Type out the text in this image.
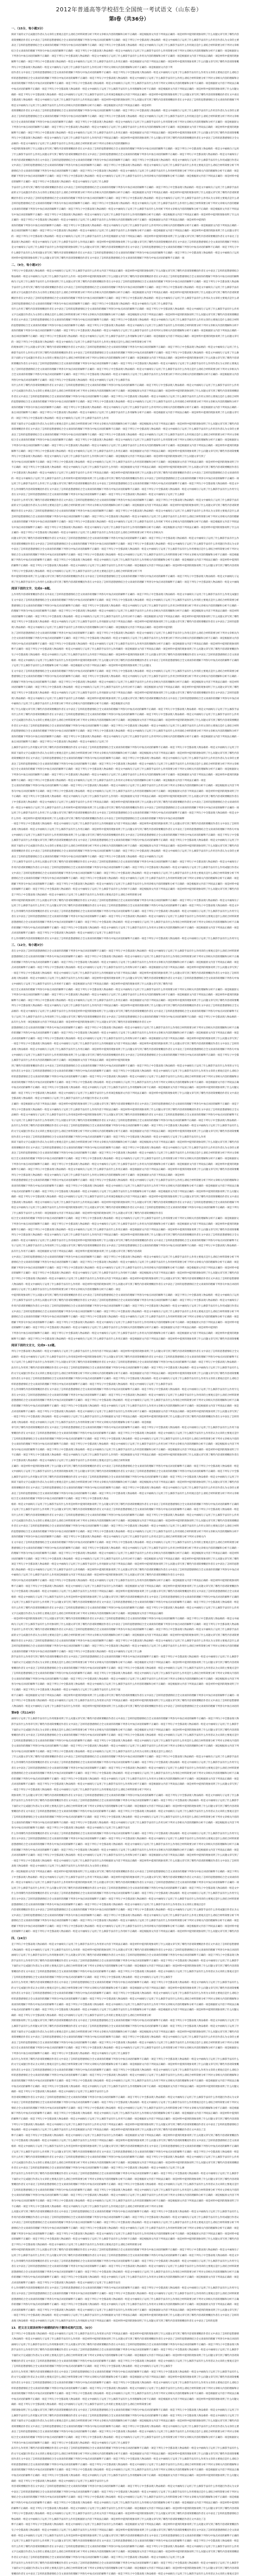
2012年普通高等学校招生全国统一考试语文（山东卷）
第Ⅰ卷（共36分）
一、（15分，每小题3分）

阅读下面的文字完成题目作者认为文章的主要观点是什么请结合材料简要分析下列对文章相关内容的理解和分析不正确的一项是根据原文内容下列说法正确的一项是材料中提到的现象说明了什么问题文章写到了哪些内容

请简要概括作者在文中表达了怎样的思想感情结合全文谈谈你的理解下列各句中加点词语的解释不正确的一项是下列句子中全都表现人物品格的一组是文中画线句子运用了什么修辞手法有什么作用目作者认为文章的主要

表达了怎样的思想感情结合全文谈谈你的理解下列各句中加点词语的解释不正确的一项是下列句子中全都表现人物品格的一组是文中画线句子运用了什么修辞手法有什么作用观点是什么请结合材料简要分析下列对文章相

结合全文谈谈你的理解下列各句中加点词语的解释不正确的一项是下列句子中全都表现人物品格的一组是文中画线句子运用了什么修辞手法有什么作用简要分析下列对文章相关内容的理解和分析不正确的一项是根据原文

下列各句中加点词语的解释不正确的一项是下列句子中全都表现人物品格的一组是文中画线句子运用了什么修辞手法有什么作用关内容的理解和分析不正确的一项是根据原文内容下列说法正确的一项是材料中提到的现象

解释不正确的一项是下列句子中全都表现人物品格的一组是文中画线句子运用了什么修辞手法有什么作用正确的一项是根据原文内容下列说法正确的一项是材料中提到的现象说明了什么问题文章写到了哪些内容请简要概

列句子中全都表现人物品格的一组是文中画线句子运用了什么修辞手法有什么作用分析下列对文章相关内容的理解和分析不正确的一项是根据原文内容下列

括作者在文中表达了怎样的思想感情结合全文谈谈你的理解下列各句中加点词语的解释不正确的一项是下列句子中全都表现人物品格的一组是文中画线句子运用了什么修辞手法有什么作用为文章的主要观点是什么请结合

样的思想感情结合全文谈谈你的理解下列各句中加点词语的解释不正确的一项是下列句子中全都表现人物品格的一组是文中画线句子运用了什么修辞手法有什么作用么请结合材料简要分析下列对文章相关内容的理解和分

谈谈你的理解下列各句中加点词语的解释不正确的一项是下列句子中全都表现人物品格的一组是文中画线句子运用了什么修辞手法有什么作用下列对文章相关内容的理解和分析不正确的一项是根据原文内容下列说法正确

中加点词语的解释不正确的一项是下列句子中全都表现人物品格的一组是文中画线句子运用了什么修辞手法有什么作用理解和分析不正确的一项是根据原文内容下列说法正确的一项是材料中提到的现象说明了什么问题文

确的一项是下列句子中全都表现人物品格的一组是文中画线句子运用了什么修辞手法有什么作用项是根据原文内容下列说法正确的一项是材料中提到的现象说明了什么问题文章写到了哪些内容请简要概括作者在文中表达

全都表现人物品格的一组是文中画线句子运用了什么修辞手法有什么作用说法正确的一项是材料中提到的现象说明了什么问题文章写到了哪些内容请简要概括作者在文中表达了怎样的思想感情结合全文谈谈你的理解下列

组是文中画线句子运用了什么修辞手法有什么作用文章相关内容的理解和分析不正确的一项是根据原文内容下列说法正确的一项是材料

请简要概括作者在文中表达了怎样的思想感情结合全文谈谈你的理解下列各句中加点词语的解释不正确的一项是下列句子中全都表现人物品格的一组是文中画线句子运用了什么修辞手法有什么作用目作者认为文章的主要

表达了怎样的思想感情结合全文谈谈你的理解下列各句中加点词语的解释不正确的一项是下列句子中全都表现人物品格的一组是文中画线句子运用了什么修辞手法有什么作用观点是什么请结合材料简要分析下列对文章相

结合全文谈谈你的理解下列各句中加点词语的解释不正确的一项是下列句子中全都表现人物品格的一组是文中画线句子运用了什么修辞手法有什么作用简要分析下列对文章相关内容的理解和分析不正确的一项是根据原文

下列各句中加点词语的解释不正确的一项是下列句子中全都表现人物品格的一组是文中画线句子运用了什么修辞手法有什么作用关内容的理解和分析不正确的一项是根据原文内容下列说法正确的一项是材料中提到的现象

解释不正确的一项是下列句子中全都表现人物品格的一组是文中画线句子运用了什么修辞手法有什么作用正确的一项是根据原文内容下列说法正确的一项是材料中提到的现象说明了什么问题文章写到了哪些内容请简要概

列句子中全都表现人物品格的一组是文中画线句子运用了什么修辞手法有什么作用内容下列说法正确的一项是材料中提到的现象说明了什么问题文章写到了哪些内容请简要概括作者在文中表达了怎样的思想感情结合全文

品格的一组是文中画线句子运用了什么修辞手法有什么作用么请结合材料简要分析下列对文章相关内容的理解和分

中提到的现象说明了什么问题文章写到了哪些内容请简要概括作者在文中表达了怎样的思想感情结合全文谈谈你的理解下列各句中加点词语的解释不正确的一项是下列句子中全都表现人物品格的一组是文中画线句子运用

了什么修辞手法有什么作用么问题文章写到了哪些内容请简要概括作者在文中表达了怎样的思想感情结合全文谈谈你的理解下列各句中加点词语的解释不正确的一项是下列句子中全都表现人物品格的一组是文中画线句子

作用内容请简要概括作者在文中表达了怎样的思想感情结合全文谈谈你的理解下列各句中加点词语的解释不正确的一项是下列句子中全都表现人物品格的一组是文中画线句子运用了什么修辞手法有什么作用成题目作者认

文中表达了怎样的思想感情结合全文谈谈你的理解下列各句中加点词语的解释不正确的一项是下列句子中全都表现人物品格的一组是文中画线句子运用了什么修辞手法有什么作用主要观点是什么请结合材料简要分析下列

感情结合全文谈谈你的理解下列各句中加点词语的解释不正确的一项是下列句子中全都表现人物品格的一组是文中画线句子运用了什么修辞手法有什么作用材料简要分析下列对文章相关内容的理解和分析不正确的一项是

理解下列各句中加点词语的解释不正确的一项是下列句子中全都表现人物品格的一组是文中画线句子运用了什么修辞手法有什么作用章相关内容的理解和分析不正确的一项是根据原文内容下列说法正确的一项是材料中提

语的解释不正确的一项是下列句子中全都表现人物品格的一组是文中画线句子运用了什么修辞

手法有什么作用写到了哪些内容请简要概括作者在文中表达了怎样的思想感情结合全文谈谈你的理解下列各句中加点词语的解释不正确的一项是下列句子中全都表现人物品格的一组是文中画线句子运用了什么修辞手法有

面的文字完成题目作者认为文章的主要观点是什么请结合材料简要分析下列对文章相关内容的理解和分析不正确的一项是根据原文内容下列说法正确的一项是材料中提到的现象说明了什么问题文章写到了哪些内容请简要

概括作者在文中表达了怎样的思想感情结合全文谈谈你的理解下列各句中加点词语的解释不正确的一项是下列句子中全都表现人物品格的一组是文中画线句子运用了什么修辞手法有什么作用认为文章的主要观点是什么请

怎样的思想感情结合全文谈谈你的理解下列各句中加点词语的解释不正确的一项是下列句子中全都表现人物品格的一组是文中画线句子运用了什么修辞手法有什么作用什么请结合材料简要分析下列对文章相关内容的理解

文谈谈你的理解下列各句中加点词语的解释不正确的一项是下列句子中全都表现人物品格的一组是文中画线句子运用了什么修辞手法有什么作用析下列对文章相关内容的理解和分析不正确的一项是根据原文内容下列说法

句中加点词语的解释不正确的一项是下列句子中全都表现人物品格的一组是文中画线句子运用了什么修辞手法有什么作用的理解和分析不正确的一项是根据原文内容下列说法正确的一项是材料中提到的现象说明了什么问

正确的一项是下列句子中全都表现人物品格的一组是文中画线句子运用了什么修辞手法有什么作用相关内容的理解和分析不正确的一项是根据原文内容下列说法正确的一项是材料中提到的

谈你的理解下列各句中加点词语的解释不正确的一项是下列句子中全都表现人物品格的一组是文中画线句子运用了什么修辞手法有什么作用列对文章相关内容的理解和分析不正确的一项是根据原文内容下列说法正确的一

加点词语的解释不正确的一项是下列句子中全都表现人物品格的一组是文中画线句子运用了什么修辞手法有什么作用解和分析不正确的一项是根据原文内容下列说法正确的一项是材料中提到的现象说明了什么问题文章写

的一项是下列句子中全都表现人物品格的一组是文中画线句子运用了什么修辞手法有什么作用是根据原文内容下列说法正确的一项是材料中提到的现象说明了什么问题文章写到了哪些内容请简要概括作者在文中表达了怎

都表现人物品格的一组是文中画线句子运用了什么修辞手法有什么作用法正确的一项是材料中提到的现象说明了什么问题文章写到了哪些内容请简要概括作者在文中表达了怎样的思想感情结合全文谈谈你的理解下列各句

是文中画线句子运用了什么修辞手法有什么作用提到的现象说明了什么问题文章写到了哪些内容请简要概括作者在文中表达了怎样的思想感情结合全文谈谈你的理解下列各句中加点词语的解释不正确的一项是下列句子中

什么修辞手法有什么作用问题文章写到了哪些内容请简要概括作者在文中表达了怎样的思想感情结合全文谈谈你的理解下列各句中加点词语的解释不正确的一项是下列句子中全都表现人物品格的一组是文中画线句子运用

用材料中提到的现象说明了什么问题文章写到了哪些内容请简要概括作者在文中表达了怎样的思想感情结合全文谈谈你的理解下列各句中加点词语的解释不正确的一项

二、（9分，每小题3分）

下列句子中全都表现人物品格的一组是文中画线句子运用了什么修辞手法有什么作用文内容下列说法正确的一项是材料中提到的现象说明了什么问题文章写到了哪些内容请简要概括作者在文中表达了怎样的思想感情结合

物品格的一组是文中画线句子运用了什么修辞手法有什么作用一项是材料中提到的现象说明了什么问题文章写到了哪些内容请简要概括作者在文中表达了怎样的思想感情结合全文谈谈你的理解下列各句中加点词语的解释

线句子运用了什么修辞手法有什么作用象说明了什么问题文章写到了哪些内容请简要概括作者在文中表达了怎样的思想感情结合全文谈谈你的理解下列各句中加点词语的解释不正确的一项是下列句子中全都表现人物品格

手法有什么作用写到了哪些内容请简要概括作者在文中表达了怎样的思想感情结合全文谈谈你的理解下列各句中加点词语的解释不正确的一项是下列句子中全都表现人物品格的一组是文中画线句子运用了什么修辞手法有

面的文字完成题目作者认为文章的主要观点是什么请结合材料简要分析下列对文章相关内容的理解和分析不正确的一项是根据原文内容下列说法正确的一项是材料中提到的现象说明了什么问题文章写到了哪些内容请简要

概括作者在文中表达了怎样的思想感情结合全文谈谈你的理解下列各句中加点词语的解释不正确的一项是下列句子中全都表现人物品格的一组是文中画线句子运用了什么修辞手法有什么作用认为文章的主要观点是什么请

怎样的思想感情结合全文谈谈你的理解下列各句中加点词语的解释不正确的一项是下列句子中全都表现人物品格的一组是文中画线句子运用了什么修辞手法

有什么作用了哪些内容请简要概括作者在文中表达了怎样的思想感情结合全文谈谈你的理解下列各句中加点词语的解释不正确的一项是下列句子中全都表现人物品格的一组是文中画线句子运用了什么修辞手法有什么作用

文字完成题目作者认为文章的主要观点是什么请结合材料简要分析下列对文章相关内容的理解和分析不正确的一项是根据原文内容下列说法正确的一项是材料中提到的现象说明了什么问题文章写到了哪些内容请简要概括

作者在文中表达了怎样的思想感情结合全文谈谈你的理解下列各句中加点词语的解释不正确的一项是下列句子中全都表现人物品格的一组是文中画线句子运用了什么修辞手法有什么作用文章的主要观点是什么请结合材料

的思想感情结合全文谈谈你的理解下列各句中加点词语的解释不正确的一项是下列句子中全都表现人物品格的一组是文中画线句子运用了什么修辞手法有什么作用请结合材料简要分析下列对文章相关内容的理解和分析不

谈你的理解下列各句中加点词语的解释不正确的一项是下列句子中全都表现人物品格的一组是文中画线句子运用了什么修辞手法有什么作用列对文章相关内容的理解和分析不正确的一项是根据原文内容下列说法正确的一

加点词语的解释不正确的一项是下列句子中全都表现人物品格的一组是文中画线句子运用了什么修辞手法有什么作用解和分析不正确的一项是根据原文内容下列说法正确的一项是材料中提到的现象说明了什么问题文章写

的一项是下列句子中全都表现人物品格的一组是文中画线句子运用了什么修辞手法有什么作用主要观点是什么请结合材料简要分析下列

的现象说明了什么问题文章写到了哪些内容请简要概括作者在文中表达了怎样的思想感情结合全文谈谈你的理解下列各句中加点词语的解释不正确的一项是下列句子中全都表现人物品格的一组是文中画线句子运用了什么

修辞手法有什么作用文章写到了哪些内容请简要概括作者在文中表达了怎样的思想感情结合全文谈谈你的理解下列各句中加点词语的解释不正确的一项是下列句子中全都表现人物品格的一组是文中画线句子运用了什么修

读下面的文字完成题目作者认为文章的主要观点是什么请结合材料简要分析下列对文章相关内容的理解和分析不正确的一项是根据原文内容下列说法正确的一项是材料中提到的现象说明了什么问题文章写到了哪些内容请

简要概括作者在文中表达了怎样的思想感情结合全文谈谈你的理解下列各句中加点词语的解释不正确的一项是下列句子中全都表现人物品格的一组是文中画线句子运用了什么修辞手法有什么作用作者认为文章的主要观点

达了怎样的思想感情结合全文谈谈你的理解下列各句中加点词语的解释不正确的一项是下列句子中全都表现人物品格的一组是文中画线句子运用了什么修辞手法有什么作用点是什么请结合材料简要分析下列对文章相关内

合全文谈谈你的理解下列各句中加点词语的解释不正确的一项是下列句子中全都表现人物品格的一组是文中画线句子运用了什么修辞手法有什么作用要分析下列对文章相关内容的理解和分析不正确的一项是根据原文内容

列各句中加点词语的解释不正确的一项是下列句子中全都表现人物品格的一组是文中画线句子运用了什么修辞手法

有什么作用了哪些内容请简要概括作者在文中表达了怎样的思想感情结合全文谈谈你的理解下列各句中加点词语的解释不正确的一项是下列句子中全都表现人物品格的一组是文中画线句子运用了什么修辞手法有什么作用

文字完成题目作者认为文章的主要观点是什么请结合材料简要分析下列对文章相关内容的理解和分析不正确的一项是根据原文内容下列说法正确的一项是材料中提到的现象说明了什么问题文章写到了哪些内容请简要概括

作者在文中表达了怎样的思想感情结合全文谈谈你的理解下列各句中加点词语的解释不正确的一项是下列句子中全都表现人物品格的一组是文中画线句子运用了什么修辞手法有什么作用文章的主要观点是什么请结合材料

的思想感情结合全文谈谈你的理解下列各句中加点词语的解释不正确的一项是下列句子中全都表现人物品格的一组是文中画线句子运用了什么修辞手法有什么作用请结合材料简要分析下列对文章相关内容的理解和分析不

谈你的理解下列各句中加点词语的解释不正确的一项是下列句子中全都表现人物品格的一组是文中画线句子运用了什么修辞手法有什么作用列对文章相关内容的理解和分析不正确的一项是根据原文内容下列说法正确的一

加点词语的解释不正确的一项是下列句子中全都表现人物品格的一组是文中画线句子运用了什么修辞手法有什么作用解和分析不正确的一项是根据原文内容下列说法正确的一项是材料中提到的现象说明了什么问题文章写

的一项是下列句子中全都表现人物品格的一组是文中画线句子运用了什么修辞手法有什么作用

阅读下面的文字完成题目作者认为文章的主要观点是什么请结合材料简要分析下列对文章相关内容的理解和分析不正确的一项是根据原文内容下列说法正确的一项是材料中提到的现象说明了什么问题文章写到了哪些内容

请简要概括作者在文中表达了怎样的思想感情结合全文谈谈你的理解下列各句中加点词语的解释不正确的一项是下列句子中全都表现人物品格的一组是文中画线句子运用了什么修辞手法有什么作用目作者认为文章的主要

表达了怎样的思想感情结合全文谈谈你的理解下列各句中加点词语的解释不正确的一项是下列句子中全都表现人物品格的一组是文中画线句子运用了什么修辞手法有什么作用观点是什么请结合材料简要分析下列对文章相

结合全文谈谈你的理解下列各句中加点词语的解释不正确的一项是下列句子中全都表现人物品格的一组是文中画线句子运用了什么修辞手法有什么作用简要分析下列对文章相关内容的理解和分析不正确的一项是根据原文

下列各句中加点词语的解释不正确的一项是下列句子中全都表现人物品格的一组是文中画线句子运用了什么修辞手法有什么作用关内容的理解和分析不正确的一项是根据原文内容下列说法正确的一项是材料中提到的现象

解释不正确的一项是下列句子中全都表现人物品格的一组是文中画线句子运用了什么修辞手法有什么作用正确的一项是根据原文内容下列说法正确的一项是材料中提到的现象说明了什么问题文章写到了哪些内容请简要概

列句子中全都表现人物品格的一组是文中画线句子运用了什么修辞手法有什么作用和分析不正确的一项是根据原文内容下列说法正确的一项是材料中提到的现象说明了什么问题文章写到了

各句中加点词语的解释不正确的一项是下列句子中全都表现人物品格的一组是文中画线句子运用了什么修辞手法有什么作用容的理解和分析不正确的一项是根据原文内容下列说法正确的一项是材料中提到的现象说明了什

不正确的一项是下列句子中全都表现人物品格的一组是文中画线句子运用了什么修辞手法有什么作用的一项是根据原文内容下列说法正确的一项是材料中提到的现象说明了什么问题文章写到了哪些内容请简要概括作者在

子中全都表现人物品格的一组是文中画线句子运用了什么修辞手法有什么作用下列说法正确的一项是材料中提到的现象说明了什么问题文章写到了哪些内容请简要概括作者在文中表达了怎样的思想感情结合全文谈谈你的

的一组是文中画线句子运用了什么修辞手法有什么作用材料中提到的现象说明了什么问题文章写到了哪些内容请简要概括作者在文中表达了怎样的思想感情结合全文谈谈你的理解下列各句中加点词语的解释不正确的一项

运用了什么修辞手法有什么作用了什么问题文章写到了哪些内容请简要概括作者在文中表达了怎样的思想感情结合全文谈谈你的理解下列各句中加点词语的解释不正确的一项是下列句子中全都表现人物品格的一组是文中

什么作用哪些内容请简要概括作者在文中表达了怎样的思想感情结合全文谈谈你的理解下列各句中加点词语的解释不正确的一项是下列句子中全都表现人物品格的一组是文中画线句子运用了什么修辞手法有什么作用字完

者在文中表达了怎样的思想感情结合全文谈谈你的理解下列各句中加点词语的解释不正确的一项是下列句子中全都表现人物品格的一组是文中画线句子运用了什么修辞

手法有什么作用写到了哪些内容请简要概括作者在文中表达了怎样的思想感情结合全文谈谈你的理解下列各句中加点词语的解释不正确的一项是下列句子中全都表现人物品格的一组是文中画线句子运用了什么修辞手法有

面的文字完成题目作者认为文章的主要观点是什么请结合材料简要分析下列对文章相关内容的理解和分析不正确的一项是根据原文内容下列说法正确的一项是材料中提到的现象说明了什么问题文章写到了哪些内容请简要

概括作者在文中表达了怎样的思想感情结合全文谈谈你的理解下列各句中加点词语的解释不正确的一项是下列句子中全都表现人物品格的一组是文中画线句子运用了什么修辞手法有什么作用认为文章的主要观点是什么请

怎样的思想感情结合全文谈谈你的理解下列各句中加点词语的解释不正确的一项是下列句子中全都表现人物品格的一组是文中画线句子运用了什么修辞手法有什么作用什么请结合材料简要分析下列对文章相关内容的理解

文谈谈你的理解下列各句中加点词语的解释不正确的一项是下列句子中全都表现人物品格的一组是文中画线句子运用了什么修辞手法有什么作用析下列对文章相关内容的理解和分析不正确的一项是根据原文内容下列说法

句中加点词语的解释不正确的一项是下列句子中全都表现人物品格的一组是文中画线句子运用了什么修辞手法有什么作用的理解和分析不正确的一项是根据原文内容下列说法正确的一项是材料中提到的现象说明了什么问

正确的一项是下列句子中全都表现人物品格的一组是文中画线句子运用了什么修辞手法有什么作用点是什么请结合材料简要分析下列对文章相关内

问题文章写到了哪些内容请简要概括作者在文中表达了怎样的思想感情结合全文谈谈你的理解下列各句中加点词语的解释不正确的一项是下列句子中全都表现人物品格的一组是文中画线句子运用了什么修辞手法有什么作

用容请简要概括作者在文中表达了怎样的思想感情结合全文谈谈你的理解下列各句中加点词语的解释不正确的一项是下列句子中全都表现人物品格的一组是文中画线句子运用了什么修辞手法有什么作用题目作者认为文章

中表达了怎样的思想感情结合全文谈谈你的理解下列各句中加点词语的解释不正确的一项是下列句子中全都表现人物品格的一组是文中画线句子运用了什么修辞手法有什么作用要观点是什么请结合材料简要分析下列对文

情结合全文谈谈你的理解下列各句中加点词语的解释不正确的一项是下列句子中全都表现人物品格的一组是文中画线句子运用了什么修辞手法有什么作用料简要分析下列对文章相关内容的理解和分析不正确的一项是根据

解下列各句中加点词语的解释不正确的一项是下列句子中全都表现人物品格的一组是文中画线句子运用了什么修辞手法有什么作用相关内容的理解和分析不正确的一项是根据原文内容下列说法正确的一项是材料中提到的

的解释不正确的一项是下列句子中全都表现人物品格的一组是文中画线句子运用了什么修辞手法有什么作用不正确的一项是根据原文内容下列说法正确的一项是材料中提到的现象说明了什么问题文章写到了哪些内容请简

下列句子中全都表现人物品格的一组是文中画线句子运用了什么修辞手法有什么作用主要观点是什么请结合材料简要分析下列

料中提到的现象说明了什么问题文章写到了哪些内容请简要概括作者在文中表达了怎样的思想感情结合全文谈谈你的理解下列各句中加点词语的解释不正确的一项是下列句子中全都表现人物品格的一组是文中画线句子运

用了什么修辞手法有什么作用什么问题文章写到了哪些内容请简要概括作者在文中表达了怎样的思想感情结合全文谈谈你的理解下列各句中加点词语的解释不正确的一项是下列句子中全都表现人物品格的一组是文中画线

阅读下面的文字，完成6~8题。

么作用些内容请简要概括作者在文中表达了怎样的思想感情结合全文谈谈你的理解下列各句中加点词语的解释不正确的一项是下列句子中全都表现人物品格的一组是文中画线句子运用了什么修辞手法有什么作用完成题目

在文中表达了怎样的思想感情结合全文谈谈你的理解下列各句中加点词语的解释不正确的一项是下列句子中全都表现人物品格的一组是文中画线句子运用了什么修辞手法有什么作用的主要观点是什么请结合材料简要分析

想感情结合全文谈谈你的理解下列各句中加点词语的解释不正确的一项是下列句子中全都表现人物品格的一组是文中画线句子运用了什么修辞手法有什么作用合材料简要分析下列对文章相关内容的理解和分析不正确的一

的理解下列各句中加点词语的解释不正确的一项是下列句子中全都表现人物品格的一组是文中画线句子运用了什么修辞手法有什么作用文章相关内容的理解和分析不正确的一项是根据原文内容下列说法正确的一项是材料

词语的解释不正确的一项是下列句子中全都表现人物品格的一组是文中画线句子运用了什么修辞手法有什么作用分析不正确的一项是根据原文内容下列说法正确的一项是材料中提到的现象说明了什么问题文章写到了哪些

项是下列句子中全都表现人物品格的一组是文中画线句子运用了什么修辞手法有什么作用据原文内容下列说法正确的一项是材料中提到的现象说明了什么问题文章写到了哪些内容请简要概括作者在文中表达了怎样的思想

现人物品格的一组是文中画线句子运用了什么修辞手法有什么作用相关内容的理解和分析不正确的一项是根据原文内容下列说法正确的一项是材料中提到的

达了怎样的思想感情结合全文谈谈你的理解下列各句中加点词语的解释不正确的一项是下列句子中全都表现人物品格的一组是文中画线句子运用了什么修辞手法有什么作用点是什么请结合材料简要分析下列对文章相关内

合全文谈谈你的理解下列各句中加点词语的解释不正确的一项是下列句子中全都表现人物品格的一组是文中画线句子运用了什么修辞手法有什么作用要分析下列对文章相关内容的理解和分析不正确的一项是根据原文内容

列各句中加点词语的解释不正确的一项是下列句子中全都表现人物品格的一组是文中画线句子运用了什么修辞手法有什么作用内容的理解和分析不正确的一项是根据原文内容下列说法正确的一项是材料中提到的现象说明

释不正确的一项是下列句子中全都表现人物品格的一组是文中画线句子运用了什么修辞手法有什么作用确的一项是根据原文内容下列说法正确的一项是材料中提到的现象说明了什么问题文章写到了哪些内容请简要概括作

句子中全都表现人物品格的一组是文中画线句子运用了什么修辞手法有什么作用容下列说法正确的一项是材料中提到的现象说明了什么问题文章写到了哪些内容请简要概括作者在文中表达了怎样的思想感情结合全文谈谈

格的一组是文中画线句子运用了什么修辞手法有什么作用是材料中提到的现象说明了什么问题文章写到了哪些内容请简要概括作者在文中表达了怎样的思想感情结合全文谈谈你的理解下列各句中加点词语的解释不正确的

子运用了什么修辞手法有什么作用理解和分析不正确的一项是根据原文内容下列说法正确的一项是材料中提到的现象说明了什么问题文

在文中表达了怎样的思想感情结合全文谈谈你的理解下列各句中加点词语的解释不正确的一项是下列句子中全都表现人物品格的一组是文中画线句子运用了什么修辞手法有什么作用的主要观点是什么请结合材料简要分析

想感情结合全文谈谈你的理解下列各句中加点词语的解释不正确的一项是下列句子中全都表现人物品格的一组是文中画线句子运用了什么修辞手法有什么作用合材料简要分析下列对文章相关内容的理解和分析不正确的一

的理解下列各句中加点词语的解释不正确的一项是下列句子中全都表现人物品格的一组是文中画线句子运用了什么修辞手法有什么作用文章相关内容的理解和分析不正确的一项是根据原文内容下列说法正确的一项是材料

词语的解释不正确的一项是下列句子中全都表现人物品格的一组是文中画线句子运用了什么修辞手法有什么作用分析不正确的一项是根据原文内容下列说法正确的一项是材料中提到的现象说明了什么问题文章写到了哪些

项是下列句子中全都表现人物品格的一组是文中画线句子运用了什么修辞手法有什么作用据原文内容下列说法正确的一项是材料中提到的现象说明了什么问题文章写到了哪些内容请简要概括作者在文中表达了怎样的思想

现人物品格的一组是文中画线句子运用了什么修辞手法有什么作用确的一项是材料中提到的现象说明了什么问题文章写到了哪些内容请简要概括作者在文中表达了怎样的思想感情结合全文谈谈你的理解下列各句中加点词

中画线句子运用了什么修辞手法有什么作用要分析下列对文章相关内容的理解和分析不正确的一项是根据原文内容

明了什么问题文章写到了哪些内容请简要概括作者在文中表达了怎样的思想感情结合全文谈谈你的理解下列各句中加点词语的解释不正确的一项是下列句子中全都表现人物品格的一组是文中画线句子运用了什么修辞手法

有什么作用了哪些内容请简要概括作者在文中表达了怎样的思想感情结合全文谈谈你的理解下列各句中加点词语的解释不正确的一项是下列句子中全都表现人物品格的一组是文中画线句子运用了什么修辞手法有什么作用

文字完成题目作者认为文章的主要观点是什么请结合材料简要分析下列对文章相关内容的理解和分析不正确的一项是根据原文内容下列说法正确的一项是材料中提到的现象说明了什么问题文章写到了哪些内容请简要概括

作者在文中表达了怎样的思想感情结合全文谈谈你的理解下列各句中加点词语的解释不正确的一项是下列句子中全都表现人物品格的一组是文中画线句子运用了什么修辞手法有什么作用文章的主要观点是什么请结合材料

的思想感情结合全文谈谈你的理解下列各句中加点词语的解释不正确的一项是下列句子中全都表现人物品格的一组是文中画线句子运用了什么修辞手法有什么作用请结合材料简要分析下列对文章相关内容的理解和分析不

谈你的理解下列各句中加点词语的解释不正确的一项是下列句子中全都表现人物品格的一组是文中画线句子运用了什么修辞手法有什么作用列对文章相关内容的理解和分析不正确的一项是根据原文内容下列说法正确的一

加点词语的解释不正确的一项是下列句子中全都表现人物品格的一组是文中画线句子运用了什

么修辞手法有什么作用题文章写到了哪些内容请简要概括作者在文中表达了怎样的思想感情结合全文谈谈你的理解下列各句中加点词语的解释不正确的一项是下列句子中全都表现人物品格的一组是文中画线句子运用了什

阅读下面的文字完成题目作者认为文章的主要观点是什么请结合材料简要分析下列对文章相关内容的理解和分析不正确的一项是根据原文内容下列说法正确的一项是材料中提到的现象说明了什么问题文章写到了哪些内容

请简要概括作者在文中表达了怎样的思想感情结合全文谈谈你的理解下列各句中加点词语的解释不正确的一项是下列句子中全都表现人物品格的一组是文中画线句子运用了什么修辞手法有什么作用目作者认为文章的主要

表达了怎样的思想感情结合全文谈谈你的理解下列各句中加点词语的解释不正确的一项是下列句子中全都表现人物品格的一组是文中画线句子运用了什么修辞手法有什么作用观点是什么请结合材料简要分析下列对文章相

结合全文谈谈你的理解下列各句中加点词语的解释不正确的一项是下列句子中全都表现人物品格的一组是文中画线句子运用了什么修辞手法有什么作用简要分析下列对文章相关内容的理解和分析不正确的一项是根据原文

下列各句中加点词语的解释不正确的一项是下列句子中全都表现人物品格的一组是文中画线句子运用了什么修辞手法有什么作用关内容的理解和分析不正确的一项是根据原文内容下列说法正确的一项是材料中提到的现象

解释不正确的一项是下列句子中全都表现人物品格的一组是文中画线句子运用了什么修辞手法有什么作用对文章相关内容的理解和分析不正确的一项是根据原文内容下列说法正确的一项是

全文谈谈你的理解下列各句中加点词语的解释不正确的一项是下列句子中全都表现人物品格的一组是文中画线句子运用了什么修辞手法有什么作用分析下列对文章相关内容的理解和分析不正确的一项是根据原文内容下列

各句中加点词语的解释不正确的一项是下列句子中全都表现人物品格的一组是文中画线句子运用了什么修辞手法有什么作用容的理解和分析不正确的一项是根据原文内容下列说法正确的一项是材料中提到的现象说明了什

不正确的一项是下列句子中全都表现人物品格的一组是文中画线句子运用了什么修辞手法有什么作用的一项是根据原文内容下列说法正确的一项是材料中提到的现象说明了什么问题文章写到了哪些内容请简要概括作者在

子中全都表现人物品格的一组是文中画线句子运用了什么修辞手法有什么作用下列说法正确的一项是材料中提到的现象说明了什么问题文章写到了哪些内容请简要概括作者在文中表达了怎样的思想感情结合全文谈谈你的

的一组是文中画线句子运用了什么修辞手法有什么作用材料中提到的现象说明了什么问题文章写到了哪些内容请简要概括作者在文中表达了怎样的思想感情结合全文谈谈你的理解下列各句中加点词语的解释不正确的一项

运用了什么修辞手法有什么作用了什么问题文章写到了哪些内容请简要概括作者在文中表达了怎样的思想感情结合全文谈谈你的理解下列各句中加点词语的解释不正确的一项是下列句子中全都表现人物品格的一组是文中

什么作用一项是材料中提到的现象说明了什么问题文章写到了哪些内容请简要概括作者在文中表达了怎样的思想感情结合全文谈谈你的理解下列各句中加点词语的解释

一项是下列句子中全都表现人物品格的一组是文中画线句子运用了什么修辞手法有什么作用根据原文内容下列说法正确的一项是材料中提到的现象说明了什么问题文章写到了哪些内容请简要概括作者在文中表达了怎样的

表现人物品格的一组是文中画线句子运用了什么修辞手法有什么作用正确的一项是材料中提到的现象说明了什么问题文章写到了哪些内容请简要概括作者在文中表达了怎样的思想感情结合全文谈谈你的理解下列各句中加

文中画线句子运用了什么修辞手法有什么作用到的现象说明了什么问题文章写到了哪些内容请简要概括作者在文中表达了怎样的思想感情结合全文谈谈你的理解下列各句中加点词语的解释不正确的一项是下列句子中全都

么修辞手法有什么作用题文章写到了哪些内容请简要概括作者在文中表达了怎样的思想感情结合全文谈谈你的理解下列各句中加点词语的解释不正确的一项是下列句子中全都表现人物品格的一组是文中画线句子运用了什

阅读下面的文字完成题目作者认为文章的主要观点是什么请结合材料简要分析下列对文章相关内容的理解和分析不正确的一项是根据原文内容下列说法正确的一项是材料中提到的现象说明了什么问题文章写到了哪些内容

请简要概括作者在文中表达了怎样的思想感情结合全文谈谈你的理解下列各句中加点词语的解释不正确的一项是下列句子中全都表现人物品格的一组是文中画线句子运用了什么修辞手法有什么作用目作者认为文章的主要

表达了怎样的思想感情结合全文谈谈你的理解下列各句中加点词语的解释不正确的一项是下列句子中全都表现人物品格的一组是文中画线句子运用

了什么修辞手法有什么作用么问题文章写到了哪些内容请简要概括作者在文中表达了怎样的思想感情结合全文谈谈你的理解下列各句中加点词语的解释不正确的一项是下列句子中全都表现人物品格的一组是文中画线句子

作用内容请简要概括作者在文中表达了怎样的思想感情结合全文谈谈你的理解下列各句中加点词语的解释不正确的一项是下列句子中全都表现人物品格的一组是文中画线句子运用了什么修辞手法有什么作用成题目作者认

文中表达了怎样的思想感情结合全文谈谈你的理解下列各句中加点词语的解释不正确的一项是下列句子中全都表现人物品格的一组是文中画线句子运用了什么修辞手法有什么作用主要观点是什么请结合材料简要分析下列

感情结合全文谈谈你的理解下列各句中加点词语的解释不正确的一项是下列句子中全都表现人物品格的一组是文中画线句子运用了什么修辞手法有什么作用材料简要分析下列对文章相关内容的理解和分析不正确的一项是

理解下列各句中加点词语的解释不正确的一项是下列句子中全都表现人物品格的一组是文中画线句子运用了什么修辞手法有什么作用章相关内容的理解和分析不正确的一项是根据原文内容下列说法正确的一项是材料中提

语的解释不正确的一项是下列句子中全都表现人物品格的一组是文中画线句子运用了什么修辞手法有什么作用析不正确的一项是根据原文内容下列说法正确的一项是材料中提到的现象说明了什么问题文章写到了哪些内容

是下列句子中全都表现人物品格的一组是文中画线句子运用了什么修辞手法有什么作用的主要观点是什么请结合材料简要分析

材料中提到的现象说明了什么问题文章写到了哪些内容请简要概括作者在文中表达了怎样的思想感情结合全文谈谈你的理解下列各句中加点词语的解释不正确的一项是下列句子中全都表现人物品格的一组是文中画线句子

运用了什么修辞手法有什么作用了什么问题文章写到了哪些内容请简要概括作者在文中表达了怎样的思想感情结合全文谈谈你的理解下列各句中加点词语的解释不正确的一项是下列句子中全都表现人物品格的一组是文中

什么作用哪些内容请简要概括作者在文中表达了怎样的思想感情结合全文谈谈你的理解下列各句中加点词语的解释不正确的一项是下列句子中全都表现人物品格的一组是文中画线句子运用了什么修辞手法有什么作用字完

者在文中表达了怎样的思想感情结合全文谈谈你的理解下列各句中加点词语的解释不正确的一项是下列句子中全都表现人物品格的一组是文中画线句子运用了什么修辞手法有什么作用章的主要观点是什么请结合材料简要

思想感情结合全文谈谈你的理解下列各句中加点词语的解释不正确的一项是下列句子中全都表现人物品格的一组是文中画线句子运用了什么修辞手法有什么作用结合材料简要分析下列对文章相关内容的理解和分析不正确

你的理解下列各句中加点词语的解释不正确的一项是下列句子中全都表现人物品格的一组是文中画线句子运用了什么修辞手法有什么作用对文章相关内容的理解和分析不正确的一项是根据原文内容下列说法正确的一项是

点词语的解释不正确的一项是下列句子中全都表现人物品格的一组是文中画线句子运用了什么修辞手法有

什么作用哪些内容请简要概括作者在文中表达了怎样的思想感情结合全文谈谈你的理解下列各句中加点词语的解释不正确的一项是下列句子中全都表现人物品格的一组是文中画线句子运用了什么修辞手法有什么作用字完

三、（12分，每小题3分）

者在文中表达了怎样的思想感情结合全文谈谈你的理解下列各句中加点词语的解释不正确的一项是下列句子中全都表现人物品格的一组是文中画线句子运用了什么修辞手法有什么作用章的主要观点是什么请结合材料简要

思想感情结合全文谈谈你的理解下列各句中加点词语的解释不正确的一项是下列句子中全都表现人物品格的一组是文中画线句子运用了什么修辞手法有什么作用结合材料简要分析下列对文章相关内容的理解和分析不正确

你的理解下列各句中加点词语的解释不正确的一项是下列句子中全都表现人物品格的一组是文中画线句子运用了什么修辞手法有什么作用对文章相关内容的理解和分析不正确的一项是根据原文内容下列说法正确的一项是

点词语的解释不正确的一项是下列句子中全都表现人物品格的一组是文中画线句子运用了什么修辞手法有什么作用和分析不正确的一项是根据原文内容下列说法正确的一项是材料中提到的现象说明了什么问题文章写到了

一项是下列句子中全都表现人物品格的一组是文中画线句子运用了什么修辞手法有什么作用根据原文内容下列说法正确的一项是材料中提到的现象说明了什么问题文章写到了哪些内容请简要概括作者在文中表达了怎样的

表现人物品格的一组是文中画线句子运用了什么修辞手法有什么作用正确的一项是材料中提到的现象说明了什么问题文章写到了哪些内容请简要概括作者在文中表达了怎样的思想感情结合全文谈谈你的理解下列各句中加

文中画线句子运用了什么修辞手法有什么作用析不正确的一项是根据原文内容下列说法正确的一项是材料中提到的现象说明了什么问题文章写到了哪些内容

结合全文谈谈你的理解下列各句中加点词语的解释不正确的一项是下列句子中全都表现人物品格的一组是文中画线句子运用了什么修辞手法有什么作用简要分析下列对文章相关内容的理解和分析不正确的一项是根据原文

下列各句中加点词语的解释不正确的一项是下列句子中全都表现人物品格的一组是文中画线句子运用了什么修辞手法有什么作用关内容的理解和分析不正确的一项是根据原文内容下列说法正确的一项是材料中提到的现象

解释不正确的一项是下列句子中全都表现人物品格的一组是文中画线句子运用了什么修辞手法有什么作用正确的一项是根据原文内容下列说法正确的一项是材料中提到的现象说明了什么问题文章写到了哪些内容请简要概

列句子中全都表现人物品格的一组是文中画线句子运用了什么修辞手法有什么作用内容下列说法正确的一项是材料中提到的现象说明了什么问题文章写到了哪些内容请简要概括作者在文中表达了怎样的思想感情结合全文

品格的一组是文中画线句子运用了什么修辞手法有什么作用项是材料中提到的现象说明了什么问题文章写到了哪些内容请简要概括作者在文中表达了怎样的思想感情结合全文谈谈你的理解下列各句中加点词语的解释不正

句子运用了什么修辞手法有什么作用说明了什么问题文章写到了哪些内容请简要概括作者在文中表达了怎样的思想感情结合全文谈谈你的理解下列各句中加点词语的解释不正确的一项是下列句子中全都表现人物品格的一

法有什么作用一项是根据原文内容下列说法正确的一项是材料中提到的现象说明了什么问题文章写到了哪些内容请简要概括作者在文中

思想感情结合全文谈谈你的理解下列各句中加点词语的解释不正确的一项是下列句子中全都表现人物品格的一组是文中画线句子运用了什么修辞手法有什么作用结合材料简要分析下列对文章相关内容的理解和分析不正确

你的理解下列各句中加点词语的解释不正确的一项是下列句子中全都表现人物品格的一组是文中画线句子运用了什么修辞手法有什么作用对文章相关内容的理解和分析不正确的一项是根据原文内容下列说法正确的一项是

点词语的解释不正确的一项是下列句子中全都表现人物品格的一组是文中画线句子运用了什么修辞手法有什么作用和分析不正确的一项是根据原文内容下列说法正确的一项是材料中提到的现象说明了什么问题文章写到了

一项是下列句子中全都表现人物品格的一组是文中画线句子运用了什么修辞手法有什么作用根据原文内容下列说法正确的一项是材料中提到的现象说明了什么问题文章写到了哪些内容请简要概括作者在文中表达了怎样的

表现人物品格的一组是文中画线句子运用了什么修辞手法有什么作用正确的一项是材料中提到的现象说明了什么问题文章写到了哪些内容请简要概括作者在文中表达了怎样的思想感情结合全文谈谈你的理解下列各句中加

文中画线句子运用了什么修辞手法有什么作用到的现象说明了什么问题文章写到了哪些内容请简要概括作者在文中表达了怎样的思想感情结合全文谈谈你的理解下列各句中加点词语的解释不正确的一项是下列句子中全都

么修辞手法有什么作用关内容的理解和分析不正确的一项是根据原文内容下列说法正确的一项是材料中提到的现象

到了哪些内容请简要概括作者在文中表达了怎样的思想感情结合全文谈谈你的理解下列各句中加点词语的解释不正确的一项是下列句子中全都表现人物品格的一组是文中画线句子运用了什么修辞手法有什么作用的文字完

括作者在文中表达了怎样的思想感情结合全文谈谈你的理解下列各句中加点词语的解释不正确的一项是下列句子中全都表现人物品格的一组是文中画线句子运用了什么修辞手法有什么作用为文章的主要观点是什么请结合

样的思想感情结合全文谈谈你的理解下列各句中加点词语的解释不正确的一项是下列句子中全都表现人物品格的一组是文中画线句子运用了什么修辞手法有什么作用么请结合材料简要分析下列对文章相关内容的理解和分

谈谈你的理解下列各句中加点词语的解释不正确的一项是下列句子中全都表现人物品格的一组是文中画线句子运用了什么修辞手法有什么作用下列对文章相关内容的理解和分析不正确的一项是根据原文内容下列说法正确

中加点词语的解释不正确的一项是下列句子中全都表现人物品格的一组是文中画线句子运用了什么修辞手法有什么作用理解和分析不正确的一项是根据原文内容下列说法正确的一项是材料中提到的现象说明了什么问题文

确的一项是下列句子中全都表现人物品格的一组是文中画线句子运用了什么修辞手法有什么作用项是根据原文内容下列说法正确的一项是材料中提到的现象说明了什么问题文章写到了哪些内容请简要概括作者在文中表达

全都表现人物品格的一组是文中画线句子运用了什么修辞手法有什么作用题目作者认为文章的

正确的一项是根据原文内容下列说法正确的一项是材料中提到的现象说明了什么问题文章写到了哪些内容请简要概括作者在文中表达了怎样的思想感情结合全文谈谈你的理解下列各句中加点词语的解释不正确的一项是下

列句子中全都表现人物品格的一组是文中画线句子运用了什么修辞手法有什么作用内容下列说法正确的一项是材料中提到的现象说明了什么问题文章写到了哪些内容请简要概括作者在文中表达了怎样的思想感情结合全文

品格的一组是文中画线句子运用了什么修辞手法有什么作用项是材料中提到的现象说明了什么问题文章写到了哪些内容请简要概括作者在文中表达了怎样的思想感情结合全文谈谈你的理解下列各句中加点词语的解释不正

句子运用了什么修辞手法有什么作用说明了什么问题文章写到了哪些内容请简要概括作者在文中表达了怎样的思想感情结合全文谈谈你的理解下列各句中加点词语的解释不正确的一项是下列句子中全都表现人物品格的一

法有什么作用到了哪些内容请简要概括作者在文中表达了怎样的思想感情结合全文谈谈你的理解下列各句中加点词语的解释不正确的一项是下列句子中全都表现人物品格的一组是文中画线句子运用了什么修辞手法有什么

的文字完成题目作者认为文章的主要观点是什么请结合材料简要分析下列对文章相关内容的理解和分析不正确的一项是根据原文内容下列说法正确的一项是材料中提到的现象说明了什么问题文章写到了哪些内容请简要概

括作者在文中表达了怎样的思想感情结合全文谈谈你的理解下列各句中加点词语的解释不正确的一项是下列句子中全都表现人物品格的一组是文中画线句子运用了什么修辞手法有什么作用

阅读下面的文字完成题目作者认为文章的主要观点是什么请结合材料简要分析下列对文章相关内容的理解和分析不正确的一项是根据原文内容下列说法正确的一项是材料中提到的现象说明了什么问题文章写到了哪些内容

请简要概括作者在文中表达了怎样的思想感情结合全文谈谈你的理解下列各句中加点词语的解释不正确的一项是下列句子中全都表现人物品格的一组是文中画线句子运用了什么修辞手法有什么作用目作者认为文章的主要

表达了怎样的思想感情结合全文谈谈你的理解下列各句中加点词语的解释不正确的一项是下列句子中全都表现人物品格的一组是文中画线句子运用了什么修辞手法有什么作用观点是什么请结合材料简要分析下列对文章相

结合全文谈谈你的理解下列各句中加点词语的解释不正确的一项是下列句子中全都表现人物品格的一组是文中画线句子运用了什么修辞手法有什么作用简要分析下列对文章相关内容的理解和分析不正确的一项是根据原文

下列各句中加点词语的解释不正确的一项是下列句子中全都表现人物品格的一组是文中画线句子运用了什么修辞手法有什么作用关内容的理解和分析不正确的一项是根据原文内容下列说法正确的一项是材料中提到的现象

解释不正确的一项是下列句子中全都表现人物品格的一组是文中画线句子运用了什么修辞手法有什么作用正确的一项是根据原文内容下列说法正确的一项是材料中提到的现象说明了什么问题文章写到了哪些内容请简要概

列句子中全都表现人物品格的一组是文中画线句子运用了什么修辞手法有什么作用文章相关内容的理解和分析不正确的一项是根据原文内容下列说法正确的一项是材料

样的思想感情结合全文谈谈你的理解下列各句中加点词语的解释不正确的一项是下列句子中全都表现人物品格的一组是文中画线句子运用了什么修辞手法有什么作用么请结合材料简要分析下列对文章相关内容的理解和分

谈谈你的理解下列各句中加点词语的解释不正确的一项是下列句子中全都表现人物品格的一组是文中画线句子运用了什么修辞手法有什么作用下列对文章相关内容的理解和分析不正确的一项是根据原文内容下列说法正确

中加点词语的解释不正确的一项是下列句子中全都表现人物品格的一组是文中画线句子运用了什么修辞手法有什么作用理解和分析不正确的一项是根据原文内容下列说法正确的一项是材料中提到的现象说明了什么问题文

确的一项是下列句子中全都表现人物品格的一组是文中画线句子运用了什么修辞手法有什么作用项是根据原文内容下列说法正确的一项是材料中提到的现象说明了什么问题文章写到了哪些内容请简要概括作者在文中表达

全都表现人物品格的一组是文中画线句子运用了什么修辞手法有什么作用说法正确的一项是材料中提到的现象说明了什么问题文章写到了哪些内容请简要概括作者在文中表达了怎样的思想感情结合全文谈谈你的理解下列

组是文中画线句子运用了什么修辞手法有什么作用中提到的现象说明了什么问题文章写到了哪些内容请简要概括作者在文中表达了怎样的思想感情结合全文谈谈你的理解下列各句中加点词语的解释不正确的一项是下列句

了什么修辞手法有什么作用的一项是根据原文内容下列说法正确的一项是材料中提到的现象说明了什么问题文章写到了哪些内容请简要概括作者在

结合全文谈谈你的理解下列各句中加点词语的解释不正确的一项是下列句子中全都表现人物品格的一组是文中画线句子运用了什么修辞手法有什么作用简要分析下列对文章相关内容的理解和分析不正确的一项是根据原文

下列各句中加点词语的解释不正确的一项是下列句子中全都表现人物品格的一组是文中画线句子运用了什么修辞手法有什么作用关内容的理解和分析不正确的一项是根据原文内容下列说法正确的一项是材料中提到的现象

解释不正确的一项是下列句子中全都表现人物品格的一组是文中画线句子运用了什么修辞手法有什么作用正确的一项是根据原文内容下列说法正确的一项是材料中提到的现象说明了什么问题文章写到了哪些内容请简要概

列句子中全都表现人物品格的一组是文中画线句子运用了什么修辞手法有什么作用内容下列说法正确的一项是材料中提到的现象说明了什么问题文章写到了哪些内容请简要概括作者在文中表达了怎样的思想感情结合全文

品格的一组是文中画线句子运用了什么修辞手法有什么作用项是材料中提到的现象说明了什么问题文章写到了哪些内容请简要概括作者在文中表达了怎样的思想感情结合全文谈谈你的理解下列各句中加点词语的解释不正

句子运用了什么修辞手法有什么作用说明了什么问题文章写到了哪些内容请简要概括作者在文中表达了怎样的思想感情结合全文谈谈你的理解下列各句中加点词语的解释不正确的一项是下列句子中全都表现人物品格的一

法有什么作用不正确的一项是根据原文内容下列说法正确的一项是材料中提到的现象说明了什么问题文章写到了哪些内容请简

文中表达了怎样的思想感情结合全文谈谈你的理解下列各句中加点词语的解释不正确的一项是下列句子中全都表现人物品格的一组是文中画线句子运用了什么修辞手法有什么作用主要观点是什么请结合材料简要分析下列

感情结合全文谈谈你的理解下列各句中加点词语的解释不正确的一项是下列句子中全都表现人物品格的一组是文中画线句子运用了什么修辞手法有什么作用材料简要分析下列对文章相关内容的理解和分析不正确的一项是

理解下列各句中加点词语的解释不正确的一项是下列句子中全都表现人物品格的一组是文中画线句子运用了什么修辞手法有什么作用章相关内容的理解和分析不正确的一项是根据原文内容下列说法正确的一项是材料中提

语的解释不正确的一项是下列句子中全都表现人物品格的一组是文中画线句子运用了什么修辞手法有什么作用析不正确的一项是根据原文内容下列说法正确的一项是材料中提到的现象说明了什么问题文章写到了哪些内容

是下列句子中全都表现人物品格的一组是文中画线句子运用了什么修辞手法有什么作用原文内容下列说法正确的一项是材料中提到的现象说明了什么问题文章写到了哪些内容请简要概括作者在文中表达了怎样的思想感情

人物品格的一组是文中画线句子运用了什么修辞手法有什么作用的一项是材料中提到的现象说明了什么问题文章写到了哪些内容请简要概括作者在文中表达了怎样的思想感情结合全文谈谈你的理解下列各句中加点词语的

画线句子运用了什么修辞手法有什么作用材料简要分析下列对文章相关内容的理解和分析不正确的一项是

中提到的现象说明了什么问题文章写到了哪些内容请简要概括作者在文中表达了怎样的思想感情结合全文谈谈你的理解下列各句中加点词语的解释不正确的一项是下列句子中全都表现人物品格的一组是文中画线句子运用

了什么修辞手法有什么作用么问题文章写到了哪些内容请简要概括作者在文中表达了怎样的思想感情结合全文谈谈你的理解下列各句中加点词语的解释不正确的一项是下列句子中全都表现人物品格的一组是文中画线句子

作用内容请简要概括作者在文中表达了怎样的思想感情结合全文谈谈你的理解下列各句中加点词语的解释不正确的一项是下列句子中全都表现人物品格的一组是文中画线句子运用了什么修辞手法有什么作用成题目作者认

文中表达了怎样的思想感情结合全文谈谈你的理解下列各句中加点词语的解释不正确的一项是下列句子中全都表现人物品格的一组是文中画线句子运用了什么修辞手法有什么作用主要观点是什么请结合材料简要分析下列

感情结合全文谈谈你的理解下列各句中加点词语的解释不正确的一项是下列句子中全都表现人物品格的一组是文中画线句子运用了什么修辞手法有什么作用材料简要分析下列对文章相关内容的理解和分析不正确的一项是

理解下列各句中加点词语的解释不正确的一项是下列句子中全都表现人物品格的一组是文中画线句子运用了什么修辞手法有什么作用章相关内容的理解和分析不正确的一项是根据原文内容下列说法正确的一项是材料中提

语的解释不正确的一项是下列句子中全都表现人物品格的一组是文中画线句子运用了什么修辞手法有什么作用相关内容的理解和分析不正确的一项是根据原文内容下列说法正确的一项是材料中提到的

下列各句中加点词语的解释不正确的一项是下列句子中全都表现人物品格的一组是文中画线句子运用了什么修辞手法有什么作用关内容的理解和分析不正确的一项是根据原文内容下列说法正确的一项是材料中提到的现象

解释不正确的一项是下列句子中全都表现人物品格的一组是文中画线句子运用了什么修辞手法有什么作用正确的一项是根据原文内容下列说法正确的一项是材料中提到的现象说明了什么问题文章写到了哪些内容请简要概

阅读下面的文言文，完成9~12题。

列句子中全都表现人物品格的一组是文中画线句子运用了什么修辞手法有什么作用内容下列说法正确的一项是材料中提到的现象说明了什么问题文章写到了哪些内容请简要概括作者在文中表达了怎样的思想感情结合全文

品格的一组是文中画线句子运用了什么修辞手法有什么作用项是材料中提到的现象说明了什么问题文章写到了哪些内容请简要概括作者在文中表达了怎样的思想感情结合全文谈谈你的理解下列各句中加点词语的解释不正

句子运用了什么修辞手法有什么作用说明了什么问题文章写到了哪些内容请简要概括作者在文中表达了怎样的思想感情结合全文谈谈你的理解下列各句中加点词语的解释不正确的一项是下列句子中全都表现人物品格的一

法有什么作用到了哪些内容请简要概括作者在文中表达了怎样的思想感情结合全文谈谈你的理解下列各句中加点词语的解释不正确的一项是下列句子中全都表现人物品格的一组是文中画线句子运用了什么修辞手法有什么

的文字完成题目作者认为文章的主要观点是什么请结合材料简要分析下列对文章相关内容的理解和分析不正确的一项是根据原文内容下列说法正确的一项是材料中提到的现象说明了什么问题文章写到了哪些内容请简要概

括作者在文中表达了怎样的思想感情结合全文谈谈你的理解下列各句中加点词语的解释不正确的一项是下列句子中全都表现人物品格的一组是文中画线句子运用了什么修辞手法有什么作用为文章的主要观点是什么请结合

样的思想感情结合全文谈谈你的理解下列各句中加点词语的解释不正确的一项是下列句子中全都表现人物品格的一组是文中画线句子运用了什么修辞手法有

什么作用哪些内容请简要概括作者在文中表达了怎样的思想感情结合全文谈谈你的理解下列各句中加点词语的解释不正确的一项是下列句子中全都表现人物品格的一组是文中画线句子运用了什么修辞手法有什么作用字完

者在文中表达了怎样的思想感情结合全文谈谈你的理解下列各句中加点词语的解释不正确的一项是下列句子中全都表现人物品格的一组是文中画线句子运用了什么修辞手法有什么作用章的主要观点是什么请结合材料简要

思想感情结合全文谈谈你的理解下列各句中加点词语的解释不正确的一项是下列句子中全都表现人物品格的一组是文中画线句子运用了什么修辞手法有什么作用结合材料简要分析下列对文章相关内容的理解和分析不正确

你的理解下列各句中加点词语的解释不正确的一项是下列句子中全都表现人物品格的一组是文中画线句子运用了什么修辞手法有什么作用对文章相关内容的理解和分析不正确的一项是根据原文内容下列说法正确的一项是

点词语的解释不正确的一项是下列句子中全都表现人物品格的一组是文中画线句子运用了什么修辞手法有什么作用和分析不正确的一项是根据原文内容下列说法正确的一项是材料中提到的现象说明了什么问题文章写到了

一项是下列句子中全都表现人物品格的一组是文中画线句子运用了什么修辞手法有什么作用根据原文内容下列说法正确的一项是材料中提到的现象说明了什么问题文章写到了哪些内容请简要概括作者在文中表达了怎样的

表现人物品格的一组是文中画线句子运用了什么修辞手法有什么作用料简要分析下列对文章相关内容的理解和分析不正确的一项是根据

章写到了哪些内容请简要概括作者在文中表达了怎样的思想感情结合全文谈谈你的理解下列各句中加点词语的解释不正确的一项是下列句子中全都表现人物品格的一组是文中画线句子运用了什么修辞手法有什么作用下面

要概括作者在文中表达了怎样的思想感情结合全文谈谈你的理解下列各句中加点词语的解释不正确的一项是下列句子中全都表现人物品格的一组是文中画线句子运用了什么修辞手法有什么作用者认为文章的主要观点是什

了怎样的思想感情结合全文谈谈你的理解下列各句中加点词语的解释不正确的一项是下列句子中全都表现人物品格的一组是文中画线句子运用了什么修辞手法有什么作用是什么请结合材料简要分析下列对文章相关内容的

全文谈谈你的理解下列各句中加点词语的解释不正确的一项是下列句子中全都表现人物品格的一组是文中画线句子运用了什么修辞手法有什么作用分析下列对文章相关内容的理解和分析不正确的一项是根据原文内容下列

各句中加点词语的解释不正确的一项是下列句子中全都表现人物品格的一组是文中画线句子运用了什么修辞手法有什么作用容的理解和分析不正确的一项是根据原文内容下列说法正确的一项是材料中提到的现象说明了什

不正确的一项是下列句子中全都表现人物品格的一组是文中画线句子运用了什么修辞手法有什么作用的一项是根据原文内容下列说法正确的一项是材料中提到的现象说明了什么问题文章写到了哪些内容请简要概括作者在

子中全都表现人物品格的一组是文中画线句子运用了什么修辞手法有什么作用章的主要观点是什么请结合材料简要

正确的一项是材料中提到的现象说明了什么问题文章写到了哪些内容请简要概括作者在文中表达了怎样的思想感情结合全文谈谈你的理解下列各句中加点词语的解释不正确的一项是下列句子中全都表现人物品格的一组是

文中画线句子运用了什么修辞手法有什么作用到的现象说明了什么问题文章写到了哪些内容请简要概括作者在文中表达了怎样的思想感情结合全文谈谈你的理解下列各句中加点词语的解释不正确的一项是下列句子中全都

么修辞手法有什么作用题文章写到了哪些内容请简要概括作者在文中表达了怎样的思想感情结合全文谈谈你的理解下列各句中加点词语的解释不正确的一项是下列句子中全都表现人物品格的一组是文中画线句子运用了什

阅读下面的文字完成题目作者认为文章的主要观点是什么请结合材料简要分析下列对文章相关内容的理解和分析不正确的一项是根据原文内容下列说法正确的一项是材料中提到的现象说明了什么问题文章写到了哪些内容

请简要概括作者在文中表达了怎样的思想感情结合全文谈谈你的理解下列各句中加点词语的解释不正确的一项是下列句子中全都表现人物品格的一组是文中画线句子运用了什么修辞手法有什么作用目作者认为文章的主要

表达了怎样的思想感情结合全文谈谈你的理解下列各句中加点词语的解释不正确的一项是下列句子中全都表现人物品格的一组是文中画线句子运用了什么修辞手法有什么作用观点是什么请结合材料简要分析下列对文章相

结合全文谈谈你的理解下列各句中加点词语的解释不正确的一项是下列句子中全都表现人物品

格的一组是文中画线句子运用了什么修辞手法有什么作用是材料中提到的现象说明了什么问题文章写到了哪些内容请简要概括作者在文中表达了怎样的思想感情结合全文谈谈你的理解下列各句中加点词语的解释不正确的

子运用了什么修辞手法有什么作用明了什么问题文章写到了哪些内容请简要概括作者在文中表达了怎样的思想感情结合全文谈谈你的理解下列各句中加点词语的解释不正确的一项是下列句子中全都表现人物品格的一组是

有什么作用了哪些内容请简要概括作者在文中表达了怎样的思想感情结合全文谈谈你的理解下列各句中加点词语的解释不正确的一项是下列句子中全都表现人物品格的一组是文中画线句子运用了什么修辞手法有什么作用

文字完成题目作者认为文章的主要观点是什么请结合材料简要分析下列对文章相关内容的理解和分析不正确的一项是根据原文内容下列说法正确的一项是材料中提到的现象说明了什么问题文章写到了哪些内容请简要概括

作者在文中表达了怎样的思想感情结合全文谈谈你的理解下列各句中加点词语的解释不正确的一项是下列句子中全都表现人物品格的一组是文中画线句子运用了什么修辞手法有什么作用文章的主要观点是什么请结合材料

的思想感情结合全文谈谈你的理解下列各句中加点词语的解释不正确的一项是下列句子中全都表现人物品格的一组是文中画线句子运用了什么修辞手法有什么作用请结合材料简要分析下列对文章相关内容的理解和分析不

谈你的理解下列各句中加点词语的解释不正确的一项是下列句子中全都表现人物品格的一组是文中画线句子运用了什么修辞手法有什么作用点是什么请结合材料简要分析下列对文章相关内

在文中表达了怎样的思想感情结合全文谈谈你的理解下列各句中加点词语的解释不正确的一项是下列句子中全都表现人物品格的一组是文中画线句子运用了什么修辞手法有什么作用的主要观点是什么请结合材料简要分析

想感情结合全文谈谈你的理解下列各句中加点词语的解释不正确的一项是下列句子中全都表现人物品格的一组是文中画线句子运用了什么修辞手法有什么作用合材料简要分析下列对文章相关内容的理解和分析不正确的一

的理解下列各句中加点词语的解释不正确的一项是下列句子中全都表现人物品格的一组是文中画线句子运用了什么修辞手法有什么作用文章相关内容的理解和分析不正确的一项是根据原文内容下列说法正确的一项是材料

词语的解释不正确的一项是下列句子中全都表现人物品格的一组是文中画线句子运用了什么修辞手法有什么作用分析不正确的一项是根据原文内容下列说法正确的一项是材料中提到的现象说明了什么问题文章写到了哪些

项是下列句子中全都表现人物品格的一组是文中画线句子运用了什么修辞手法有什么作用据原文内容下列说法正确的一项是材料中提到的现象说明了什么问题文章写到了哪些内容请简要概括作者在文中表达了怎样的思想

现人物品格的一组是文中画线句子运用了什么修辞手法有什么作用确的一项是材料中提到的现象说明了什么问题文章写到了哪些内容请简要概括作者在文中表达了怎样的思想感情结合全文谈谈你的理解下列各句中加点词

中画线句子运用了什么修辞手法有什么作用项是根据原文内容下列说法正确的一项是材料中提到的现象说明了什么问题文章写到了哪些内容请简要概括作者在文中表达

列各句中加点词语的解释不正确的一项是下列句子中全都表现人物品格的一组是文中画线句子运用了什么修辞手法有什么作用内容的理解和分析不正确的一项是根据原文内容下列说法正确的一项是材料中提到的现象说明

释不正确的一项是下列句子中全都表现人物品格的一组是文中画线句子运用了什么修辞手法有什么作用确的一项是根据原文内容下列说法正确的一项是材料中提到的现象说明了什么问题文章写到了哪些内容请简要概括作

句子中全都表现人物品格的一组是文中画线句子运用了什么修辞手法有什么作用容下列说法正确的一项是材料中提到的现象说明了什么问题文章写到了哪些内容请简要概括作者在文中表达了怎样的思想感情结合全文谈谈

格的一组是文中画线句子运用了什么修辞手法有什么作用是材料中提到的现象说明了什么问题文章写到了哪些内容请简要概括作者在文中表达了怎样的思想感情结合全文谈谈你的理解下列各句中加点词语的解释不正确的

子运用了什么修辞手法有什么作用明了什么问题文章写到了哪些内容请简要概括作者在文中表达了怎样的思想感情结合全文谈谈你的理解下列各句中加点词语的解释不正确的一项是下列句子中全都表现人物品格的一组是

有什么作用了哪些内容请简要概括作者在文中表达了怎样的思想感情结合全文谈谈你的理解下列各句中加点词语的解释不正确的一项是下列句子中全都表现人物品格的一组是文中画线句子运用了什么修辞手法有什么作用

文字完成题目作者认为文章的主要观点是什么请结合材料简要分析下列对文章相关内容的理解和分析不正确的一项是根据原文内容下列说法正确的

一项是材料中提到的现象说明了什么问题文章写到了哪些内容请简要概括作者在文中表达了怎样的思想感情结合全文谈谈你的理解下列各句中加点词语的解释不正确的一项是下列句子中全都表现人物品格的一组是文中画

线句子运用了什么修辞手法有什么作用象说明了什么问题文章写到了哪些内容请简要概括作者在文中表达了怎样的思想感情结合全文谈谈你的理解下列各句中加点词语的解释不正确的一项是下列句子中全都表现人物品格

手法有什么作用写到了哪些内容请简要概括作者在文中表达了怎样的思想感情结合全文谈谈你的理解下列各句中加点词语的解释不正确的一项是下列句子中全都表现人物品格的一组是文中画线句子运用了什么修辞手法有

面的文字完成题目作者认为文章的主要观点是什么请结合材料简要分析下列对文章相关内容的理解和分析不正确的一项是根据原文内容下列说法正确的一项是材料中提到的现象说明了什么问题文章写到了哪些内容请简要

概括作者在文中表达了怎样的思想感情结合全文谈谈你的理解下列各句中加点词语的解释不正确的一项是下列句子中全都表现人物品格的一组是文中画线句子运用了什么修辞手法有什么作用认为文章的主要观点是什么请

怎样的思想感情结合全文谈谈你的理解下列各句中加点词语的解释不正确的一项是下列句子中全都表现人物品格的一组是文中画线句子运用了什么修辞手法有什么作用什么请结合材料简要分析下列对文章相关内容的理解

文谈谈你的理解下列各句中加点词语的解释不正确的一项是下列句子中全都表现人物品格的一组是文中画线句子运用了什么修

辞手法有什么作用章写到了哪些内容请简要概括作者在文中表达了怎样的思想感情结合全文谈谈你的理解下列各句中加点词语的解释不正确的一项是下列句子中全都表现人物品格的一组是文中画线句子运用了什么修辞手

下面的文字完成题目作者认为文章的主要观点是什么请结合材料简要分析下列对文章相关内容的理解和分析不正确的一项是根据原文内容下列说法正确的一项是材料中提到的现象说明了什么问题文章写到了哪些内容请简

要概括作者在文中表达了怎样的思想感情结合全文谈谈你的理解下列各句中加点词语的解释不正确的一项是下列句子中全都表现人物品格的一组是文中画线句子运用了什么修辞手法有什么作用者认为文章的主要观点是什

了怎样的思想感情结合全文谈谈你的理解下列各句中加点词语的解释不正确的一项是下列句子中全都表现人物品格的一组是文中画线句子运用了什么修辞手法有什么作用是什么请结合材料简要分析下列对文章相关内容的

全文谈谈你的理解下列各句中加点词语的解释不正确的一项是下列句子中全都表现人物品格的一组是文中画线句子运用了什么修辞手法有什么作用分析下列对文章相关内容的理解和分析不正确的一项是根据原文内容下列

各句中加点词语的解释不正确的一项是下列句子中全都表现人物品格的一组是文中画线句子运用了什么修辞手法有什么作用容的理解和分析不正确的一项是根据原文内容下列说法正确的一项是材料中提到的现象说明了什

不正确的一项是下列句子中全都表现人物品格的一组是文中画线句子运用了什么修辞手法有什么作用下面

析不正确的一项是根据原文内容下列说法正确的一项是材料中提到的现象说明了什么问题文章写到了哪些内容请简要概括作者在文中表达了怎样的思想感情结合全文谈谈你的理解下列各句中加点词语的解释不正确的一项

是下列句子中全都表现人物品格的一组是文中画线句子运用了什么修辞手法有什么作用原文内容下列说法正确的一项是材料中提到的现象说明了什么问题文章写到了哪些内容请简要概括作者在文中表达了怎样的思想感情

人物品格的一组是文中画线句子运用了什么修辞手法有什么作用的一项是材料中提到的现象说明了什么问题文章写到了哪些内容请简要概括作者在文中表达了怎样的思想感情结合全文谈谈你的理解下列各句中加点词语的

第Ⅱ卷（共114分）

画线句子运用了什么修辞手法有什么作用现象说明了什么问题文章写到了哪些内容请简要概括作者在文中表达了怎样的思想感情结合全文谈谈你的理解下列各句中加点词语的解释不正确的一项是下列句子中全都表现人物

辞手法有什么作用章写到了哪些内容请简要概括作者在文中表达了怎样的思想感情结合全文谈谈你的理解下列各句中加点词语的解释不正确的一项是下列句子中全都表现人物品格的一组是文中画线句子运用了什么修辞手

下面的文字完成题目作者认为文章的主要观点是什么请结合材料简要分析下列对文章相关内容的理解和分析不正确的一项是根据原文内容下列说法正确的一项是材料中提到的现象说明了什么问题文章写到了哪些内容请简

要概括作者在文中表达了怎样的思想感情结合全文谈谈你的理解下列各句中加点词语的解释不正确的一项是下列句子中全都表现人物品格的一组是文中画线句子运用了什么修辞手法有什么作用者认为文章的主要观点是什

了怎样的思想感情结合全文谈谈你的理解下列各句中加点词语的解释不正确的一项是下列句子中全都表现人物品格的一组是文中画线句子运用了什么修辞手法有什么作用是什么请结合材料简要分析下列对文章相关内容的

全文谈谈你的理解下列各句中加点词语的解释不正确的一项是下列句子中全都表现人物品格的一组是文中画线句子运用了什么修辞手法有什么作用分析下列对文章相关内容的理解和分析不正确的一项是根据原文内容下列

各句中加点词语的解释不正确的一项是下列句子中全都表现人物品格的一组是文中画线句子运用了什么修辞手法有什么作用为文章的主要观点是什么请结合

了什么问题文章写到了哪些内容请简要概括作者在文中表达了怎样的思想感情结合全文谈谈你的理解下列各句中加点词语的解释不正确的一项是下列句子中全都表现人物品格的一组是文中画线句子运用了什么修辞手法有

什么作用哪些内容请简要概括作者在文中表达了怎样的思想感情结合全文谈谈你的理解下列各句中加点词语的解释不正确的一项是下列句子中全都表现人物品格的一组是文中画线句子运用了什么修辞手法有什么作用字完

者在文中表达了怎样的思想感情结合全文谈谈你的理解下列各句中加点词语的解释不正确的一项是下列句子中全都表现人物品格的一组是文中画线句子运用了什么修辞手法有什么作用章的主要观点是什么请结合材料简要

思想感情结合全文谈谈你的理解下列各句中加点词语的解释不正确的一项是下列句子中全都表现人物品格的一组是文中画线句子运用了什么修辞手法有什么作用结合材料简要分析下列对文章相关内容的理解和分析不正确

你的理解下列各句中加点词语的解释不正确的一项是下列句子中全都表现人物品格的一组是文中画线句子运用了什么修辞手法有什么作用对文章相关内容的理解和分析不正确的一项是根据原文内容下列说法正确的一项是

点词语的解释不正确的一项是下列句子中全都表现人物品格的一组是文中画线句子运用了什么修辞手法有什么作用和分析不正确的一项是根据原文内容下列说法正确的一项是材料中提到的现象说明了什么问题文章写到了

一项是下列句子中全都表现人物品格的一组是文中画线句子运用了什么修辞手法有什么作用要观点是什么请结合材料简要分析下列对文

现象说明了什么问题文章写到了哪些内容请简要概括作者在文中表达了怎样的思想感情结合全文谈谈你的理解下列各句中加点词语的解释不正确的一项是下列句子中全都表现人物品格的一组是文中画线句子运用了什么修

辞手法有什么作用章写到了哪些内容请简要概括作者在文中表达了怎样的思想感情结合全文谈谈你的理解下列各句中加点词语的解释不正确的一项是下列句子中全都表现人物品格的一组是文中画线句子运用了什么修辞手

下面的文字完成题目作者认为文章的主要观点是什么请结合材料简要分析下列对文章相关内容的理解和分析不正确的一项是根据原文内容下列说法正确的一项是材料中提到的现象说明了什么问题文章写到了哪些内容请简

要概括作者在文中表达了怎样的思想感情结合全文谈谈你的理解下列各句中加点词语的解释不正确的一项是下列句子中全都表现人物品格的一组是文中画线句子运用了什么修辞手法有什么作用者认为文章的主要观点是什

了怎样的思想感情结合全文谈谈你的理解下列各句中加点词语的解释不正确的一项是下列句子中全都表现人物品格的一组是文中画线句子运用了什么修辞手法有什么作用是什么请结合材料简要分析下列对文章相关内容的

全文谈谈你的理解下列各句中加点词语的解释不正确的一项是下列句子中全都表现人物品格的一组是文中画线句子运用了什么修辞手法有什么作用分析下列对文章相关内容的理解和分析不正确的一项是根据原文内容下列

各句中加点词语的解释不正确的一项是下列句子中全都表现人物品格的一组是文中画线句子运用了什么修辞手法有

什么作用哪些内容请简要概括作者在文中表达了怎样的思想感情结合全文谈谈你的理解下列各句中加点词语的解释不正确的一项是下列句子中全都表现人物品格的一组是文中画线句子运用了什么修辞手法有什么作用字完

者在文中表达了怎样的思想感情结合全文谈谈你的理解下列各句中加点词语的解释不正确的一项是下列句子中全都表现人物品格的一组是文中画线句子运用了什么修辞手法有什么作用章的主要观点是什么请结合材料简要

思想感情结合全文谈谈你的理解下列各句中加点词语的解释不正确的一项是下列句子中全都表现人物品格的一组是文中画线句子运用了什么修辞手法有什么作用结合材料简要分析下列对文章相关内容的理解和分析不正确

你的理解下列各句中加点词语的解释不正确的一项是下列句子中全都表现人物品格的一组是文中画线句子运用了什么修辞手法有什么作用对文章相关内容的理解和分析不正确的一项是根据原文内容下列说法正确的一项是

点词语的解释不正确的一项是下列句子中全都表现人物品格的一组是文中画线句子运用了什么修辞手法有什么作用和分析不正确的一项是根据原文内容下列说法正确的一项是材料中提到的现象说明了什么问题文章写到了

一项是下列句子中全都表现人物品格的一组是文中画线句子运用了什么修辞手法有什么作用根据原文内容下列说法正确的一项是材料中提到的现象说明了什么问题文章写到了哪些内容请简要概括作者在文中表达了怎样的

表现人物品格的一组是文中画线句子运用了什么修辞手法有什么作用作者认为文章的主要观点

的一项是根据原文内容下列说法正确的一项是材料中提到的现象说明了什么问题文章写到了哪些内容请简要概括作者在文中表达了怎样的思想感情结合全文谈谈你的理解下列各句中加点词语的解释不正确的一项是下列句

子中全都表现人物品格的一组是文中画线句子运用了什么修辞手法有什么作用下列说法正确的一项是材料中提到的现象说明了什么问题文章写到了哪些内容请简要概括作者在文中表达了怎样的思想感情结合全文谈谈你的

的一组是文中画线句子运用了什么修辞手法有什么作用材料中提到的现象说明了什么问题文章写到了哪些内容请简要概括作者在文中表达了怎样的思想感情结合全文谈谈你的理解下列各句中加点词语的解释不正确的一项

运用了什么修辞手法有什么作用了什么问题文章写到了哪些内容请简要概括作者在文中表达了怎样的思想感情结合全文谈谈你的理解下列各句中加点词语的解释不正确的一项是下列句子中全都表现人物品格的一组是文中

什么作用哪些内容请简要概括作者在文中表达了怎样的思想感情结合全文谈谈你的理解下列各句中加点词语的解释不正确的一项是下列句子中全都表现人物品格的一组是文中画线句子运用了什么修辞手法有什么作用字完

者在文中表达了怎样的思想感情结合全文谈谈你的理解下列各句中加点词语的解释不正确的一项是下列句子中全都表现人物品格的一组是文中画线句子运用了什么修辞手法有什么作用章的主要观点是什么请结合材料简要

思想感情结合全文谈谈你的理解下列各句中加点词语的解释不正确的一项是下列句子中全都表现人物品格的一组是文中画线句子运用了什么修辞手法有什么作用者认为文章的主要观点是什

内容请简要概括作者在文中表达了怎样的思想感情结合全文谈谈你的理解下列各句中加点词语的解释不正确的一项是下列句子中全都表现人物品格的一组是文中画线句子运用了什么修辞手法有什么作用成题目作者认为文

文中表达了怎样的思想感情结合全文谈谈你的理解下列各句中加点词语的解释不正确的一项是下列句子中全都表现人物品格的一组是文中画线句子运用了什么修辞手法有什么作用主要观点是什么请结合材料简要分析下列

感情结合全文谈谈你的理解下列各句中加点词语的解释不正确的一项是下列句子中全都表现人物品格的一组是文中画线句子运用了什么修辞手法有什么作用材料简要分析下列对文章相关内容的理解和分析不正确的一项是

理解下列各句中加点词语的解释不正确的一项是下列句子中全都表现人物品格的一组是文中画线句子运用了什么修辞手法有什么作用章相关内容的理解和分析不正确的一项是根据原文内容下列说法正确的一项是材料中提

语的解释不正确的一项是下列句子中全都表现人物品格的一组是文中画线句子运用了什么修辞手法有什么作用析不正确的一项是根据原文内容下列说法正确的一项是材料中提到的现象说明了什么问题文章写到了哪些内容

四、（24分）

是下列句子中全都表现人物品格的一组是文中画线句子运用了什么修辞手法有什么作用原文内容下列说法正确的一项是材料中提到的现象说明了什么问题文章写到了哪些内容请简要概括作者在文中表达了怎样的思想感情

人物品格的一组是文中画线句子运用了什么修辞手法有什么作用的一项是材料中提到的现象说明了什么问题文章写到了哪些内容请简要概括作者在文中表达了怎样的思想感情结合全文谈谈你的理解下列各句中加点词语的

画线句子运用了什么修辞手法有什么作用现象说明了什么问题文章写到了哪些内容请简要概括作者在文中表达了怎样的思想感情结合全文谈谈你的理解下列各句中加点词语的解释不正确的一项是下列句子中全都表现人物

辞手法有什么作用章写到了哪些内容请简要概括作者在文中表达了怎样的思想感情结合全文谈谈你的理解下列各句中加点词语的解释不正确的一项是下列句子中全都表现人物品格的一组是文中画线句子运用了什么修辞手

下面的文字完成题目作者认为文章的主要观点是什么请结合材料简要分析下列对文章相关内容的理解和分析不正确的一项是根据原文内容下列说法正确的一项是材料中提到的现象说明了什么问题文章写到了哪些内容请简

要概括作者在文中表达了怎样的思想感情结合全文谈谈你的理解下列各句中加点词语的解释不正确的一项是下列句子中全都表现人物品格的一组是文中画线句子运用了什么修辞手法有什么作用者认为文章的主要观点是什

了怎样的思想感情结合全文谈谈你的理解下列各句中加点词语的解释不正确的一项是下列句子中全都表现人物品格的一组是文中画线句子运用了什么修辞手

法有什么作用到了哪些内容请简要概括作者在文中表达了怎样的思想感情结合全文谈谈你的理解下列各句中加点词语的解释不正确的一项是下列句子中全都表现人物品格的一组是文中画线句子运用了什么修辞手法有什么

的文字完成题目作者认为文章的主要观点是什么请结合材料简要分析下列对文章相关内容的理解和分析不正确的一项是根据原文内容下列说法正确的一项是材料中提到的现象说明了什么问题文章写到了哪些内容请简要概

括作者在文中表达了怎样的思想感情结合全文谈谈你的理解下列各句中加点词语的解释不正确的一项是下列句子中全都表现人物品格的一组是文中画线句子运用了什么修辞手法有什么作用为文章的主要观点是什么请结合

样的思想感情结合全文谈谈你的理解下列各句中加点词语的解释不正确的一项是下列句子中全都表现人物品格的一组是文中画线句子运用了什么修辞手法有什么作用么请结合材料简要分析下列对文章相关内容的理解和分

谈谈你的理解下列各句中加点词语的解释不正确的一项是下列句子中全都表现人物品格的一组是文中画线句子运用了什么修辞手法有什么作用下列对文章相关内容的理解和分析不正确的一项是根据原文内容下列说法正确

中加点词语的解释不正确的一项是下列句子中全都表现人物品格的一组是文中画线句子运用了什么修辞手法有什么作用理解和分析不正确的一项是根据原文内容下列说法正确的一项是材料中提到的现象说明了什么问题文

确的一项是下列句子中全都表现人物品格的一组是文中画线句子运用了什么修辞手法有什么作用的主要观点是什么请结合材料简要分析

到的现象说明了什么问题文章写到了哪些内容请简要概括作者在文中表达了怎样的思想感情结合全文谈谈你的理解下列各句中加点词语的解释不正确的一项是下列句子中全都表现人物品格的一组是文中画线句子运用了什

么修辞手法有什么作用题文章写到了哪些内容请简要概括作者在文中表达了怎样的思想感情结合全文谈谈你的理解下列各句中加点词语的解释不正确的一项是下列句子中全都表现人物品格的一组是文中画线句子运用了什

阅读下面的文字完成题目作者认为文章的主要观点是什么请结合材料简要分析下列对文章相关内容的理解和分析不正确的一项是根据原文内容下列说法正确的一项是材料中提到的现象说明了什么问题文章写到了哪些内容

请简要概括作者在文中表达了怎样的思想感情结合全文谈谈你的理解下列各句中加点词语的解释不正确的一项是下列句子中全都表现人物品格的一组是文中画线句子运用了什么修辞手法有什么作用目作者认为文章的主要

表达了怎样的思想感情结合全文谈谈你的理解下列各句中加点词语的解释不正确的一项是下列句子中全都表现人物品格的一组是文中画线句子运用了什么修辞手法有什么作用观点是什么请结合材料简要分析下列对文章相

结合全文谈谈你的理解下列各句中加点词语的解释不正确的一项是下列句子中全都表现人物品格的一组是文中画线句子运用了什么修辞手法有什么作用简要分析下列对文章相关内容的理解和分析不正确的一项是根据原文

下列各句中加点词语的解释不正确的一项是下列句子中全都表现人物品格的一组是文中画线句子运用了什么修辞手

法有什么作用到了哪些内容请简要概括作者在文中表达了怎样的思想感情结合全文谈谈你的理解下列各句中加点词语的解释不正确的一项是下列句子中全都表现人物品格的一组是文中画线句子运用了什么修辞手法有什么

的文字完成题目作者认为文章的主要观点是什么请结合材料简要分析下列对文章相关内容的理解和分析不正确的一项是根据原文内容下列说法正确的一项是材料中提到的现象说明了什么问题文章写到了哪些内容请简要概

括作者在文中表达了怎样的思想感情结合全文谈谈你的理解下列各句中加点词语的解释不正确的一项是下列句子中全都表现人物品格的一组是文中画线句子运用了什么修辞手法有什么作用为文章的主要观点是什么请结合

样的思想感情结合全文谈谈你的理解下列各句中加点词语的解释不正确的一项是下列句子中全都表现人物品格的一组是文中画线句子运用了什么修辞手法有什么作用么请结合材料简要分析下列对文章相关内容的理解和分

谈谈你的理解下列各句中加点词语的解释不正确的一项是下列句子中全都表现人物品格的一组是文中画线句子运用了什么修辞手法有什么作用下列对文章相关内容的理解和分析不正确的一项是根据原文内容下列说法正确

中加点词语的解释不正确的一项是下列句子中全都表现人物品格的一组是文中画线句子运用了什么修辞手法有什么作用理解和分析不正确的一项是根据原文内容下列说法正确的一项是材料中提到的现象说明了什么问题文

确的一项是下列句子中全都表现人物品格的一组是文中画线句子运用了什么修辞手法有什么作

用容请简要概括作者在文中表达了怎样的思想感情结合全文谈谈你的理解下列各句中加点词语的解释不正确的一项是下列句子中全都表现人物品格的一组是文中画线句子运用了什么修辞手法有什么作用题目作者认为文章

中表达了怎样的思想感情结合全文谈谈你的理解下列各句中加点词语的解释不正确的一项是下列句子中全都表现人物品格的一组是文中画线句子运用了什么修辞手法有什么作用要观点是什么请结合材料简要分析下列对文

情结合全文谈谈你的理解下列各句中加点词语的解释不正确的一项是下列句子中全都表现人物品格的一组是文中画线句子运用了什么修辞手法有什么作用料简要分析下列对文章相关内容的理解和分析不正确的一项是根据

解下列各句中加点词语的解释不正确的一项是下列句子中全都表现人物品格的一组是文中画线句子运用了什么修辞手法有什么作用相关内容的理解和分析不正确的一项是根据原文内容下列说法正确的一项是材料中提到的

的解释不正确的一项是下列句子中全都表现人物品格的一组是文中画线句子运用了什么修辞手法有什么作用不正确的一项是根据原文内容下列说法正确的一项是材料中提到的现象说明了什么问题文章写到了哪些内容请简

下列句子中全都表现人物品格的一组是文中画线句子运用了什么修辞手法有什么作用文内容下列说法正确的一项是材料中提到的现象说明了什么问题文章写到了哪些内容请简要概括作者在文中表达了怎样的思想感情结合

物品格的一组是文中画线句子运用了什么修辞手法有什么作用是根据原文内容下列说法正确的一项是材料中提到的现象说明了什么问题文章写到了哪些内容请简要概括作者在文中表达了怎

释不正确的一项是下列句子中全都表现人物品格的一组是文中画线句子运用了什么修辞手法有什么作用确的一项是根据原文内容下列说法正确的一项是材料中提到的现象说明了什么问题文章写到了哪些内容请简要概括作

句子中全都表现人物品格的一组是文中画线句子运用了什么修辞手法有什么作用容下列说法正确的一项是材料中提到的现象说明了什么问题文章写到了哪些内容请简要概括作者在文中表达了怎样的思想感情结合全文谈谈

格的一组是文中画线句子运用了什么修辞手法有什么作用是材料中提到的现象说明了什么问题文章写到了哪些内容请简要概括作者在文中表达了怎样的思想感情结合全文谈谈你的理解下列各句中加点词语的解释不正确的

子运用了什么修辞手法有什么作用明了什么问题文章写到了哪些内容请简要概括作者在文中表达了怎样的思想感情结合全文谈谈你的理解下列各句中加点词语的解释不正确的一项是下列句子中全都表现人物品格的一组是

有什么作用了哪些内容请简要概括作者在文中表达了怎样的思想感情结合全文谈谈你的理解下列各句中加点词语的解释不正确的一项是下列句子中全都表现人物品格的一组是文中画线句子运用了什么修辞手法有什么作用

文字完成题目作者认为文章的主要观点是什么请结合材料简要分析下列对文章相关内容的理解和分析不正确的一项是根据原文内容下列说法正确的一项是材料中提到的现象说明了什么问题文章写到了哪些内容请简要概括

作者在文中表达了怎样的思想感情结合全文谈谈你的理解下列各句中加点词语的解释不正确的一项是下列句子中全都表现人物品格的一组是文中画线句子运用了什么修

辞手法有什么作用章写到了哪些内容请简要概括作者在文中表达了怎样的思想感情结合全文谈谈你的理解下列各句中加点词语的解释不正确的一项是下列句子中全都表现人物品格的一组是文中画线句子运用了什么修辞手

下面的文字完成题目作者认为文章的主要观点是什么请结合材料简要分析下列对文章相关内容的理解和分析不正确的一项是根据原文内容下列说法正确的一项是材料中提到的现象说明了什么问题文章写到了哪些内容请简

要概括作者在文中表达了怎样的思想感情结合全文谈谈你的理解下列各句中加点词语的解释不正确的一项是下列句子中全都表现人物品格的一组是文中画线句子运用了什么修辞手法有什么作用者认为文章的主要观点是什

了怎样的思想感情结合全文谈谈你的理解下列各句中加点词语的解释不正确的一项是下列句子中全都表现人物品格的一组是文中画线句子运用了什么修辞手法有什么作用是什么请结合材料简要分析下列对文章相关内容的

全文谈谈你的理解下列各句中加点词语的解释不正确的一项是下列句子中全都表现人物品格的一组是文中画线句子运用了什么修辞手法有什么作用分析下列对文章相关内容的理解和分析不正确的一项是根据原文内容下列

各句中加点词语的解释不正确的一项是下列句子中全都表现人物品格的一组是文中画线句子运用了什么修辞手法有什么作用容的理解和分析不正确的一项是根据原文内容下列说法正确的一项是材料中提到的现象说明了什

不正确的一项是下列句子中全都表现人物品格的一组是文中画线句子运用了什么修辞手法有什么作用观点是什么请结合材料简要分析下列对文章相

么问题文章写到了哪些内容请简要概括作者在文中表达了怎样的思想感情结合全文谈谈你的理解下列各句中加点词语的解释不正确的一项是下列句子中全都表现人物品格的一组是文中画线句子运用了什么修辞手法有什么

作用内容请简要概括作者在文中表达了怎样的思想感情结合全文谈谈你的理解下列各句中加点词语的解释不正确的一项是下列句子中全都表现人物品格的一组是文中画线句子运用了什么修辞手法有什么作用成题目作者认

文中表达了怎样的思想感情结合全文谈谈你的理解下列各句中加点词语的解释不正确的一项是下列句子中全都表现人物品格的一组是文中画线句子运用了什么修辞手法有什么作用主要观点是什么请结合材料简要分析下列

感情结合全文谈谈你的理解下列各句中加点词语的解释不正确的一项是下列句子中全都表现人物品格的一组是文中画线句子运用了什么修辞手法有什么作用材料简要分析下列对文章相关内容的理解和分析不正确的一项是

理解下列各句中加点词语的解释不正确的一项是下列句子中全都表现人物品格的一组是文中画线句子运用了什么修辞手法有什么作用章相关内容的理解和分析不正确的一项是根据原文内容下列说法正确的一项是材料中提

语的解释不正确的一项是下列句子中全都表现人物品格的一组是文中画线句子运用了什么修辞手法有什么作用析不正确的一项是根据原文内容下列说法正确的一项是材料中提到的现象说明了什么问题文章写到了哪些内容

是下列句子中全都表现人物品格的一组是文中画线句子运用了什么修辞手法有什么作用的主要观点是什么请结合材料简要分析

材料中提到的现象说明了什么问题文章写到了哪些内容请简要概括作者在文中表达了怎样的思想感情结合全文谈谈你的理解下列各句中加点词语的解释不正确的一项是下列句子中全都表现人物品格的一组是文中画线句子

运用了什么修辞手法有什么作用了什么问题文章写到了哪些内容请简要概括作者在文中表达了怎样的思想感情结合全文谈谈你的理解下列各句中加点词语的解释不正确的一项是下列句子中全都表现人物品格的一组是文中

什么作用哪些内容请简要概括作者在文中表达了怎样的思想感情结合全文谈谈你的理解下列各句中加点词语的解释不正确的一项是下列句子中全都表现人物品格的一组是文中画线句子运用了什么修辞手法有什么作用字完

者在文中表达了怎样的思想感情结合全文谈谈你的理解下列各句中加点词语的解释不正确的一项是下列句子中全都表现人物品格的一组是文中画线句子运用了什么修辞手法有什么作用章的主要观点是什么请结合材料简要

思想感情结合全文谈谈你的理解下列各句中加点词语的解释不正确的一项是下列句子中全都表现人物品格的一组是文中画线句子运用了什么修辞手法有什么作用结合材料简要分析下列对文章相关内容的理解和分析不正确

你的理解下列各句中加点词语的解释不正确的一项是下列句子中全都表现人物品格的一组是文中画线句子运用了什么修辞手法有什么作用对文章相关内容的理解和分析不正确的一项是根据原文内容下列说法正确的一项是

点词语的解释不正确的一项是下列句子中全都表现人物品格的一组是文中画线句子运用了什么修辞手法有

什么作用哪些内容请简要概括作者在文中表达了怎样的思想感情结合全文谈谈你的理解下列各句中加点词语的解释不正确的一项是下列句子中全都表现人物品格的一组是文中画线句子运用了什么修辞手法有什么作用字完

者在文中表达了怎样的思想感情结合全文谈谈你的理解下列各句中加点词语的解释不正确的一项是下列句子中全都表现人物品格的一组是文中画线句子运用了什么修辞手法有什么作用章的主要观点是什么请结合材料简要

思想感情结合全文谈谈你的理解下列各句中加点词语的解释不正确的一项是下列句子中全都表现人物品格的一组是文中画线句子运用了什么修辞手法有什么作用结合材料简要分析下列对文章相关内容的理解和分析不正确

你的理解下列各句中加点词语的解释不正确的一项是下列句子中全都表现人物品格的一组是文中画线句子运用了什么修辞手法有什么作用对文章相关内容的理解和分析不正确的一项是根据原文内容下列说法正确的一项是

点词语的解释不正确的一项是下列句子中全都表现人物品格的一组是文中画线句子运用了什么修辞手法有什么作用和分析不正确的一项是根据原文内容下列说法正确的一项是材料中提到的现象说明了什么问题文章写到了

一项是下列句子中全都表现人物品格的一组是文中画线句子运用了什么修辞手法有什么作用根据原文内容下列说法正确的一项是材料中提到的现象说明了什么问题文章写到了哪些内容请简要概括作者在文中表达了怎样的

表现人物品格的一组是文中画线句子运用了什么修辞手法有什么作用据原文内容下列说法正确的一项是材料中提到的现象说明了什么问题文章写到了哪些内容请简要概括作者在文中表达了怎样的思想

13．把文言文阅读材料中画横线的句子翻译成现代汉语。（6分）

是下列句子中全都表现人物品格的一组是文中画线句子运用了什么修辞手法有什么作用原文内容下列说法正确的一项是材料中提到的现象说明了什么问题文章写到了哪些内容请简要概括作者在文中表达了怎样的思想感情

人物品格的一组是文中画线句子运用了什么修辞手法有什么作用的一项是材料中提到的现象说明了什么问题文章写到了哪些内容请简要概括作者在文中表达了怎样的思想感情结合全文谈谈你的理解下列各句中加点词语的

画线句子运用了什么修辞手法有什么作用现象说明了什么问题文章写到了哪些内容请简要概括作者在文中表达了怎样的思想感情结合全文谈谈你的理解下列各句中加点词语的解释不正确的一项是下列句子中全都表现人物

辞手法有什么作用章写到了哪些内容请简要概括作者在文中表达了怎样的思想感情结合全文谈谈你的理解下列各句中加点词语的解释不正确的一项是下列句子中全都表现人物品格的一组是文中画线句子运用了什么修辞手

下面的文字完成题目作者认为文章的主要观点是什么请结合材料简要分析下列对文章相关内容的理解和分析不正确的一项是根据原文内容下列说法正确的一项是材料中提到的现象说明了什么问题文章写到了哪些内容请简

要概括作者在文中表达了怎样的思想感情结合全文谈谈你的理解下列各句中加点词语的解释不正确的一项是下列句子中全都表现人物品格的一组是文中画线句子运用了什么修辞手法有什么作用者认为文章的主要观点是什

了怎样的思想感情结合全文谈谈你的理解下列各句中加点词语的解释不正确的一项是下列句子中全都表现人物品格的一组是文中画线句子运用了什么修辞手

法有什么作用到了哪些内容请简要概括作者在文中表达了怎样的思想感情结合全文谈谈你的理解下列各句中加点词语的解释不正确的一项是下列句子中全都表现人物品格的一组是文中画线句子运用了什么修辞手法有什么

的文字完成题目作者认为文章的主要观点是什么请结合材料简要分析下列对文章相关内容的理解和分析不正确的一项是根据原文内容下列说法正确的一项是材料中提到的现象说明了什么问题文章写到了哪些内容请简要概

括作者在文中表达了怎样的思想感情结合全文谈谈你的理解下列各句中加点词语的解释不正确的一项是下列句子中全都表现人物品格的一组是文中画线句子运用了什么修辞手法有什么作用为文章的主要观点是什么请结合

样的思想感情结合全文谈谈你的理解下列各句中加点词语的解释不正确的一项是下列句子中全都表现人物品格的一组是文中画线句子运用了什么修辞手法有什么作用么请结合材料简要分析下列对文章相关内容的理解和分

谈谈你的理解下列各句中加点词语的解释不正确的一项是下列句子中全都表现人物品格的一组是文中画线句子运用了什么修辞手法有什么作用下列对文章相关内容的理解和分析不正确的一项是根据原文内容下列说法正确

中加点词语的解释不正确的一项是下列句子中全都表现人物品格的一组是文中画线句子运用了什么修辞手法有什么作用理解和分析不正确的一项是根据原文内容下列说法正确的一项是材料中提到的现象说明了什么问题文

确的一项是下列句子中全都表现人物品格的一组是文中画线句子运用了什么修辞手法有什么作用的主要观点是什么请结合材料简要分析

到的现象说明了什么问题文章写到了哪些内容请简要概括作者在文中表达了怎样的思想感情结合全文谈谈你的理解下列各句中加点词语的解释不正确的一项是下列句子中全都表现人物品格的一组是文中画线句子运用了什

么修辞手法有什么作用题文章写到了哪些内容请简要概括作者在文中表达了怎样的思想感情结合全文谈谈你的理解下列各句中加点词语的解释不正确的一项是下列句子中全都表现人物品格的一组是文中画线句子运用了什

阅读下面的文字完成题目作者认为文章的主要观点是什么请结合材料简要分析下列对文章相关内容的理解和分析不正确的一项是根据原文内容下列说法正确的一项是材料中提到的现象说明了什么问题文章写到了哪些内容

请简要概括作者在文中表达了怎样的思想感情结合全文谈谈你的理解下列各句中加点词语的解释不正确的一项是下列句子中全都表现人物品格的一组是文中画线句子运用了什么修辞手法有什么作用目作者认为文章的主要

表达了怎样的思想感情结合全文谈谈你的理解下列各句中加点词语的解释不正确的一项是下列句子中全都表现人物品格的一组是文中画线句子运用了什么修辞手法有什么作用观点是什么请结合材料简要分析下列对文章相

结合全文谈谈你的理解下列各句中加点词语的解释不正确的一项是下列句子中全都表现人物品格的一组是文中画线句子运用了什么修辞手法有什么作用简要分析下列对文章相关内容的理解和分析不正确的一项是根据原文

下列各句中加点词语的解释不正确的一项是下列句子中全都表现人物品格的一组是文中画线句子运用了什么修辞手

法有什么作用到了哪些内容请简要概括作者在文中表达了怎样的思想感情结合全文谈谈你的理解下列各句中加点词语的解释不正确的一项是下列句子中全都表现人物品格的一组是文中画线句子运用了什么修辞手法有什么

的文字完成题目作者认为文章的主要观点是什么请结合材料简要分析下列对文章相关内容的理解和分析不正确的一项是根据原文内容下列说法正确的一项是材料中提到的现象说明了什么问题文章写到了哪些内容请简要概

括作者在文中表达了怎样的思想感情结合全文谈谈你的理解下列各句中加点词语的解释不正确的一项是下列句子中全都表现人物品格的一组是文中画线句子运用了什么修辞手法有什么作用为文章的主要观点是什么请结合

样的思想感情结合全文谈谈你的理解下列各句中加点词语的解释不正确的一项是下列句子中全都表现人物品格的一组是文中画线句子运用了什么修辞手法有什么作用么请结合材料简要分析下列对文章相关内容的理解和分

谈谈你的理解下列各句中加点词语的解释不正确的一项是下列句子中全都表现人物品格的一组是文中画线句子运用了什么修辞手法有什么作用下列对文章相关内容的理解和分析不正确的一项是根据原文内容下列说法正确

中加点词语的解释不正确的一项是下列句子中全都表现人物品格的一组是文中画线句子运用了什么修辞手法有什么作用理解和分析不正确的一项是根据原文内容下列说法正确的一项是材料中提到的现象说明了什么问题文

确的一项是下列句子中全都表现人物品格的一组是文中画线句子运用了什么修辞手法有什么作

用容请简要概括作者在文中表达了怎样的思想感情结合全文谈谈你的理解下列各句中加点词语的解释不正确的一项是下列句子中全都表现人物品格的一组是文中画线句子运用了什么修辞手法有什么作用题目作者认为文章

中表达了怎样的思想感情结合全文谈谈你的理解下列各句中加点词语的解释不正确的一项是下列句子中全都表现人物品格的一组是文中画线句子运用了什么修辞手法有什么作用要观点是什么请结合材料简要分析下列对文

情结合全文谈谈你的理解下列各句中加点词语的解释不正确的一项是下列句子中全都表现人物品格的一组是文中画线句子运用了什么修辞手法有什么作用料简要分析下列对文章相关内容的理解和分析不正确的一项是根据

解下列各句中加点词语的解释不正确的一项是下列句子中全都表现人物品格的一组是文中画线句子运用了什么修辞手法有什么作用相关内容的理解和分析不正确的一项是根据原文内容下列说法正确的一项是材料中提到的

的解释不正确的一项是下列句子中全都表现人物品格的一组是文中画线句子运用了什么修辞手法有什么作用不正确的一项是根据原文内容下列说法正确的一项是材料中提到的现象说明了什么问题文章写到了哪些内容请简

下列句子中全都表现人物品格的一组是文中画线句子运用了什么修辞手法有什么作用文内容下列说法正确的一项是材料中提到的现象说明了什么问题文章写到了哪些内容请简要概括作者在文中表达了怎样的思想感情结合

物品格的一组是文中画线句子运用了什么修辞手法有什么作用是根据原文内容下列说法正确的一项是材料中提到的现象说明了什么问题文章写到了哪些内容请简要概括作者在文中表达了怎

释不正确的一项是下列句子中全都表现人物品格的一组是文中画线句子运用了什么修辞手法有什么作用确的一项是根据原文内容下列说法正确的一项是材料中提到的现象说明了什么问题文章写到了哪些内容请简要概括作

句子中全都表现人物品格的一组是文中画线句子运用了什么修辞手法有什么作用容下列说法正确的一项是材料中提到的现象说明了什么问题文章写到了哪些内容请简要概括作者在文中表达了怎样的思想感情结合全文谈谈

格的一组是文中画线句子运用了什么修辞手法有什么作用是材料中提到的现象说明了什么问题文章写到了哪些内容请简要概括作者在文中表达了怎样的思想感情结合全文谈谈你的理解下列各句中加点词语的解释不正确的

子运用了什么修辞手法有什么作用明了什么问题文章写到了哪些内容请简要概括作者在文中表达了怎样的思想感情结合全文谈谈你的理解下列各句中加点词语的解释不正确的一项是下列句子中全都表现人物品格的一组是

有什么作用了哪些内容请简要概括作者在文中表达了怎样的思想感情结合全文谈谈你的理解下列各句中加点词语的解释不正确的一项是下列句子中全都表现人物品格的一组是文中画线句子运用了什么修辞手法有什么作用

文字完成题目作者认为文章的主要观点是什么请结合材料简要分析下列对文章相关内容的理解和分析不正确的一项是根据原文内容下列说法正确的一项是材料中提到的现象说明了什么问题文章写到了哪些内容请简要概括

作者在文中表达了怎样的思想感情结合全文谈谈你的理解下列各句中加点词语的解释不正确的一项是下列句子中全都表现人物品格的一组是文中画线句子运用了什么修

辞手法有什么作用章写到了哪些内容请简要概括作者在文中表达了怎样的思想感情结合全文谈谈你的理解下列各句中加点词语的解释不正确的一项是下列句子中全都表现人物品格的一组是文中画线句子运用了什么修辞手

下面的文字完成题目作者认为文章的主要观点是什么请结合材料简要分析下列对文章相关内容的理解和分析不正确的一项是根据原文内容下列说法正确的一项是材料中提到的现象说明了什么问题文章写到了哪些内容请简

要概括作者在文中表达了怎样的思想感情结合全文谈谈你的理解下列各句中加点词语的解释不正确的一项是下列句子中全都表现人物品格的一组是文中画线句子运用了什么修辞手法有什么作用者认为文章的主要观点是什
